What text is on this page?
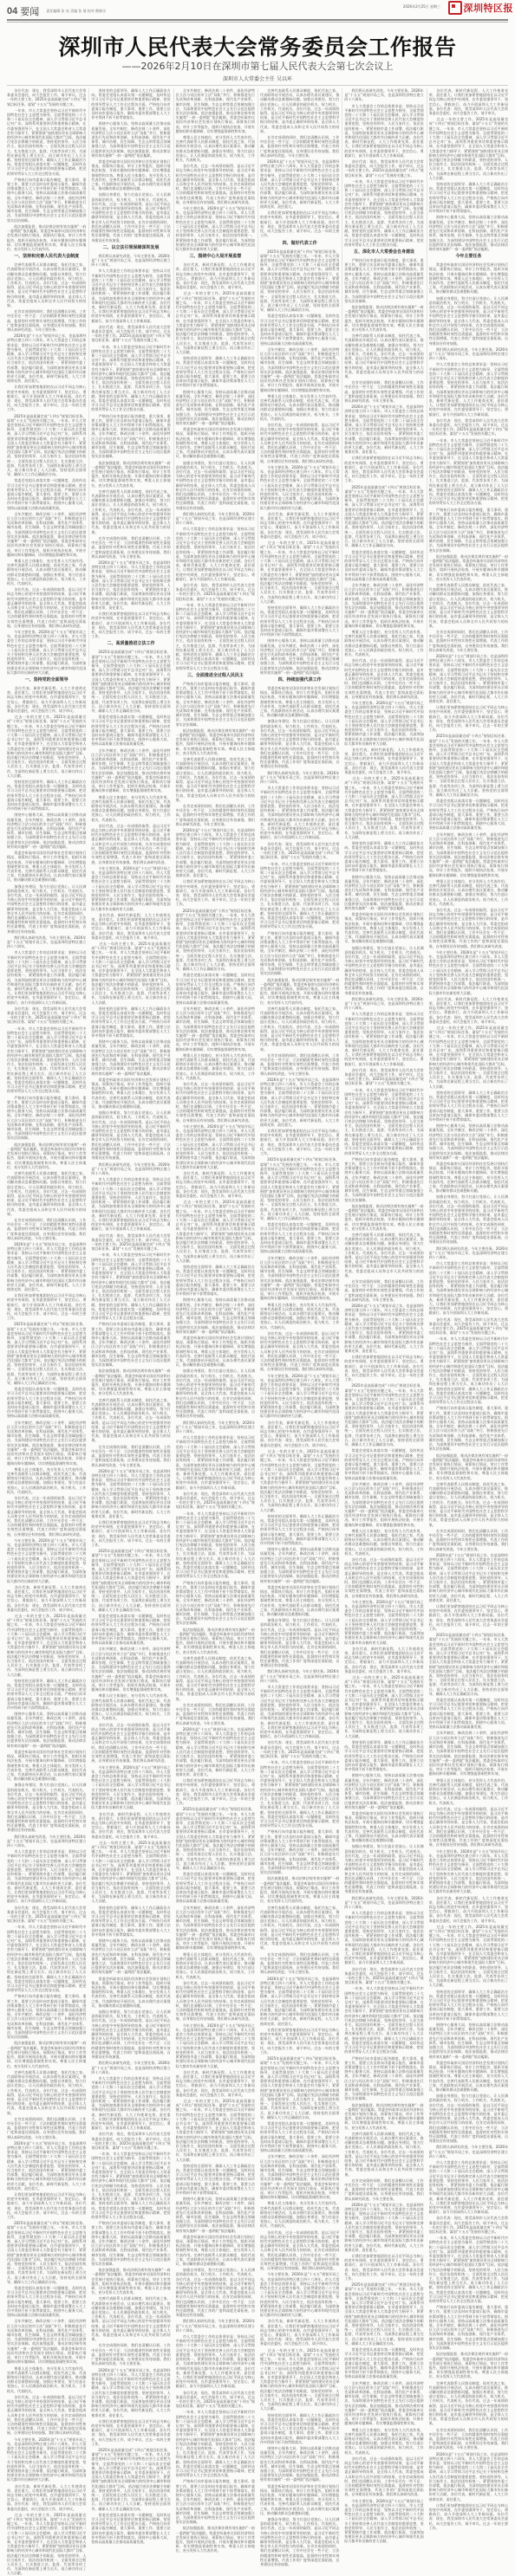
04 要闻 责任编辑 张 亮 美编 张 倩 校对 熊新宗
2026年2月25日 星期三 深圳特区报
深圳市人民代表大会常务委员会工作报告
——2026年2月10日在深圳市第七届人民代表大会第七次会议上
深圳市人大常委会主任 吴以环

　　各位代表：现在，我受深圳市人民代表大会常务委员会委托，向大会报告工作，请予审议。过去一年的主要工作。2025年是高质量完成“十四五”规划目标任务、谋划“十五五”发展的关键之年。

　　一年来，市人大常委会坚持以习近平新时代中国特色社会主义思想为指导，全面贯彻党的二十大和二十届历次全会精神，深入学习贯彻习近平总书记对广东、深圳系列重要讲话和重要指示精神，在市委坚强领导下，在全国人大常委会和省人大常委会有力指导下，紧紧围绕“加快建设更具全球影响力的经济中心城市和现代化国际大都市”目标，依法履行宪法法律赋予的职责，坚持党的领导、人民当家作主、依法治国有机统一，全面发展全过程人民民主，扎实推进立法、监督、代表等各项工作，为深圳在新征程上勇当尖兵、再立新功作出了人大贡献。坚持党的全面领导，确保人大工作正确政治方向。常委会党组认真落实第一议题制度，及时传达学习习近平总书记重要讲话和重要指示精神，把党的领导贯穿人大工作全过程各方面。

　　严格执行向市委请示报告制度，重大事项、重要工作、重要立法及时向市委请示报告，确保市委决策部署在人大工作中得到不折不扣贯彻落实。围绕中心服务大局，坚持以高质量立法推动高质量发展。全年共制定、修改法规二十余件，深化经济特区立法与设区的市立法“双轨”并行，积极推进先行先试和改革创新，在科技创新、现代化产业体系、城市治理、民生保障、生态文明等重点领域加强立法，为深圳建设中国特色社会主义先行示范区提供坚实法治保障。

　　依法加强监督，推动法律法规有效实施和“一府一委两院”依法履职。常委会听取审议国民经济和社会发展计划执行情况、预算执行情况、审计工作等报告，组织开展执法检查，开展专题询问和专题调研，切实增强监督刚性和实效。尊重人民主体地位，充分发挥人大代表作用。

一、坚持和完善人民代表大会制度

　　完善代表联系人民群众制度，依托代表之家、代表联络站开展活动，认真办理代表议案建议，推动解决群众急难愁盼问题。加强自身建设，努力打造让党放心、让人民满意的政治机关、权力机关、工作机关、代表机关。各位代表，过去一年成绩的取得，是以习近平同志为核心的党中央坚强领导的结果，是习近平新时代中国特色社会主义思想科学指引的结果，是市委正确领导的结果，是全体人大代表、常委会组成人员和全市人民共同努力的结果。

　　在肯定成绩的同时，我们也清醒认识到，工作中还存在一些不足：立法的精准性和时效性还需提高，监督的针对性和实效性还需增强，代表工作的广度和深度还需拓展，自身建设还有待加强。我们将认真研究改进。今年主要任务。

　　2026年是“十五五”规划开局之年，也是深圳经济特区建立四十六周年。市人大常委会工作的总体要求是：坚持以习近平新时代中国特色社会主义思想为指导，全面贯彻党的二十大和二十届历次全会精神，深入学习贯彻习近平总书记关于坚持和完善人民代表大会制度的重要思想，坚持党的领导、人民当家作主、依法治国有机统一，紧紧围绕市委工作部署，依法履行职责，为深圳加快建设更具全球影响力的经济中心城市和现代化国际大都市作出新的更大贡献。各位代表，新时代新征程，人大工作使命光荣、责任重大。

　　让我们更加紧密地团结在以习近平同志为核心的党中央周围，在市委坚强领导下，坚定信心、勇毅前行，奋力开创深圳人大工作新局面。各位代表：现在，我受深圳市人民代表大会常务委员会委托，向大会报告工作，请予审议。过去一年的主要工作。

　　2025年是高质量完成“十四五”规划目标任务、谋划“十五五”发展的关键之年。一年来，市人大常委会坚持以习近平新时代中国特色社会主义思想为指导，全面贯彻党的二十大和二十届历次全会精神，深入学习贯彻习近平总书记对广东、深圳系列重要讲话和重要指示精神，在市委坚强领导下，在全国人大常委会和省人大常委会有力指导下，紧紧围绕“加快建设更具全球影响力的经济中心城市和现代化国际大都市”目标，依法履行宪法法律赋予的职责，坚持党的领导、人民当家作主、依法治国有机统一，全面发展全过程人民民主，扎实推进立法、监督、代表等各项工作，为深圳在新征程上勇当尖兵、再立新功作出了人大贡献。坚持党的全面领导，确保人大工作正确政治方向。

　　常委会党组认真落实第一议题制度，及时传达学习习近平总书记重要讲话和重要指示精神，把党的领导贯穿人大工作全过程各方面。严格执行向市委请示报告制度，重大事项、重要工作、重要立法及时向市委请示报告，确保市委决策部署在人大工作中得到不折不扣贯彻落实。围绕中心服务大局，坚持以高质量立法推动高质量发展。

　　全年共制定、修改法规二十余件，深化经济特区立法与设区的市立法“双轨”并行，积极推进先行先试和改革创新，在科技创新、现代化产业体系、城市治理、民生保障、生态文明等重点领域加强立法，为深圳建设中国特色社会主义先行示范区提供坚实法治保障。依法加强监督，推动法律法规有效实施和“一府一委两院”依法履职。常委会听取审议国民经济和社会发展计划执行情况、预算执行情况、审计工作等报告，组织开展执法检查，开展专题询问和专题调研，切实增强监督刚性和实效。

　　尊重人民主体地位，充分发挥人大代表作用。完善代表联系人民群众制度，依托代表之家、代表联络站开展活动，认真办理代表议案建议，推动解决群众急难愁盼问题。加强自身建设，努力打造让党放心、让人民满意的政治机关、权力机关、工作机关、代表机关。

　　各位代表，过去一年成绩的取得，是以习近平同志为核心的党中央坚强领导的结果，是习近平新时代中国特色社会主义思想科学指引的结果，是市委正确领导的结果，是全体人大代表、常委会组成人员和全市人民共同努力的结果。在肯定成绩的同时，我们也清醒认识到，工作中还存在一些不足：立法的精准性和时效性还需提高，监督的针对性和实效性还需增强，代表工作的广度和深度还需拓展，自身建设还有待加强。我们将认真研究改进。

　　今年主要任务。2026年是“十五五”规划开局之年，也是深圳经济特区建立四十六周年。市人大常委会工作的总体要求是：坚持以习近平新时代中国特色社会主义思想为指导，全面贯彻党的二十大和二十届历次全会精神，深入学习贯彻习近平总书记关于坚持和完善人民代表大会制度的重要思想，坚持党的领导、人民当家作主、依法治国有机统一，紧紧围绕市委工作部署，依法履行职责，为深圳加快建设更具全球影响力的经济中心城市和现代化国际大都市作出新的更大贡献。

一、坚持党的全面领导

　　各位代表，新时代新征程，人大工作使命光荣、责任重大。让我们更加紧密地团结在以习近平同志为核心的党中央周围，在市委坚强领导下，坚定信心、勇毅前行，奋力开创深圳人大工作新局面。各位代表：现在，我受深圳市人民代表大会常务委员会委托，向大会报告工作，请予审议。

　　过去一年的主要工作。2025年是高质量完成“十四五”规划目标任务、谋划“十五五”发展的关键之年。一年来，市人大常委会坚持以习近平新时代中国特色社会主义思想为指导，全面贯彻党的二十大和二十届历次全会精神，深入学习贯彻习近平总书记对广东、深圳系列重要讲话和重要指示精神，在市委坚强领导下，在全国人大常委会和省人大常委会有力指导下，紧紧围绕“加快建设更具全球影响力的经济中心城市和现代化国际大都市”目标，依法履行宪法法律赋予的职责，坚持党的领导、人民当家作主、依法治国有机统一，全面发展全过程人民民主，扎实推进立法、监督、代表等各项工作，为深圳在新征程上勇当尖兵、再立新功作出了人大贡献。

　　坚持党的全面领导，确保人大工作正确政治方向。常委会党组认真落实第一议题制度，及时传达学习习近平总书记重要讲话和重要指示精神，把党的领导贯穿人大工作全过程各方面。严格执行向市委请示报告制度，重大事项、重要工作、重要立法及时向市委请示报告，确保市委决策部署在人大工作中得到不折不扣贯彻落实。

　　围绕中心服务大局，坚持以高质量立法推动高质量发展。全年共制定、修改法规二十余件，深化经济特区立法与设区的市立法“双轨”并行，积极推进先行先试和改革创新，在科技创新、现代化产业体系、城市治理、民生保障、生态文明等重点领域加强立法，为深圳建设中国特色社会主义先行示范区提供坚实法治保障。依法加强监督，推动法律法规有效实施和“一府一委两院”依法履职。

　　常委会听取审议国民经济和社会发展计划执行情况、预算执行情况、审计工作等报告，组织开展执法检查，开展专题询问和专题调研，切实增强监督刚性和实效。尊重人民主体地位，充分发挥人大代表作用。完善代表联系人民群众制度，依托代表之家、代表联络站开展活动，认真办理代表议案建议，推动解决群众急难愁盼问题。

　　加强自身建设，努力打造让党放心、让人民满意的政治机关、权力机关、工作机关、代表机关。各位代表，过去一年成绩的取得，是以习近平同志为核心的党中央坚强领导的结果，是习近平新时代中国特色社会主义思想科学指引的结果，是市委正确领导的结果，是全体人大代表、常委会组成人员和全市人民共同努力的结果。在肯定成绩的同时，我们也清醒认识到，工作中还存在一些不足：立法的精准性和时效性还需提高，监督的针对性和实效性还需增强，代表工作的广度和深度还需拓展，自身建设还有待加强。

　　我们将认真研究改进。今年主要任务。2026年是“十五五”规划开局之年，也是深圳经济特区建立四十六周年。

　　市人大常委会工作的总体要求是：坚持以习近平新时代中国特色社会主义思想为指导，全面贯彻党的二十大和二十届历次全会精神，深入学习贯彻习近平总书记关于坚持和完善人民代表大会制度的重要思想，坚持党的领导、人民当家作主、依法治国有机统一，紧紧围绕市委工作部署，依法履行职责，为深圳加快建设更具全球影响力的经济中心城市和现代化国际大都市作出新的更大贡献。各位代表，新时代新征程，人大工作使命光荣、责任重大。让我们更加紧密地团结在以习近平同志为核心的党中央周围，在市委坚强领导下，坚定信心、勇毅前行，奋力开创深圳人大工作新局面。

　　各位代表：现在，我受深圳市人民代表大会常务委员会委托，向大会报告工作，请予审议。过去一年的主要工作。2025年是高质量完成“十四五”规划目标任务、谋划“十五五”发展的关键之年。

　　一年来，市人大常委会坚持以习近平新时代中国特色社会主义思想为指导，全面贯彻党的二十大和二十届历次全会精神，深入学习贯彻习近平总书记对广东、深圳系列重要讲话和重要指示精神，在市委坚强领导下，在全国人大常委会和省人大常委会有力指导下，紧紧围绕“加快建设更具全球影响力的经济中心城市和现代化国际大都市”目标，依法履行宪法法律赋予的职责，坚持党的领导、人民当家作主、依法治国有机统一，全面发展全过程人民民主，扎实推进立法、监督、代表等各项工作，为深圳在新征程上勇当尖兵、再立新功作出了人大贡献。坚持党的全面领导，确保人大工作正确政治方向。常委会党组认真落实第一议题制度，及时传达学习习近平总书记重要讲话和重要指示精神，把党的领导贯穿人大工作全过程各方面。

　　严格执行向市委请示报告制度，重大事项、重要工作、重要立法及时向市委请示报告，确保市委决策部署在人大工作中得到不折不扣贯彻落实。围绕中心服务大局，坚持以高质量立法推动高质量发展。全年共制定、修改法规二十余件，深化经济特区立法与设区的市立法“双轨”并行，积极推进先行先试和改革创新，在科技创新、现代化产业体系、城市治理、民生保障、生态文明等重点领域加强立法，为深圳建设中国特色社会主义先行示范区提供坚实法治保障。

　　依法加强监督，推动法律法规有效实施和“一府一委两院”依法履职。常委会听取审议国民经济和社会发展计划执行情况、预算执行情况、审计工作等报告，组织开展执法检查，开展专题询问和专题调研，切实增强监督刚性和实效。尊重人民主体地位，充分发挥人大代表作用。

　　完善代表联系人民群众制度，依托代表之家、代表联络站开展活动，认真办理代表议案建议，推动解决群众急难愁盼问题。加强自身建设，努力打造让党放心、让人民满意的政治机关、权力机关、工作机关、代表机关。各位代表，过去一年成绩的取得，是以习近平同志为核心的党中央坚强领导的结果，是习近平新时代中国特色社会主义思想科学指引的结果，是市委正确领导的结果，是全体人大代表、常委会组成人员和全市人民共同努力的结果。

　　在肯定成绩的同时，我们也清醒认识到，工作中还存在一些不足：立法的精准性和时效性还需提高，监督的针对性和实效性还需增强，代表工作的广度和深度还需拓展，自身建设还有待加强。我们将认真研究改进。今年主要任务。

　　2026年是“十五五”规划开局之年，也是深圳经济特区建立四十六周年。市人大常委会工作的总体要求是：坚持以习近平新时代中国特色社会主义思想为指导，全面贯彻党的二十大和二十届历次全会精神，深入学习贯彻习近平总书记关于坚持和完善人民代表大会制度的重要思想，坚持党的领导、人民当家作主、依法治国有机统一，紧紧围绕市委工作部署，依法履行职责，为深圳加快建设更具全球影响力的经济中心城市和现代化国际大都市作出新的更大贡献。各位代表，新时代新征程，人大工作使命光荣、责任重大。

　　让我们更加紧密地团结在以习近平同志为核心的党中央周围，在市委坚强领导下，坚定信心、勇毅前行，奋力开创深圳人大工作新局面。各位代表：现在，我受深圳市人民代表大会常务委员会委托，向大会报告工作，请予审议。过去一年的主要工作。

　　2025年是高质量完成“十四五”规划目标任务、谋划“十五五”发展的关键之年。一年来，市人大常委会坚持以习近平新时代中国特色社会主义思想为指导，全面贯彻党的二十大和二十届历次全会精神，深入学习贯彻习近平总书记对广东、深圳系列重要讲话和重要指示精神，在市委坚强领导下，在全国人大常委会和省人大常委会有力指导下，紧紧围绕“加快建设更具全球影响力的经济中心城市和现代化国际大都市”目标，依法履行宪法法律赋予的职责，坚持党的领导、人民当家作主、依法治国有机统一，全面发展全过程人民民主，扎实推进立法、监督、代表等各项工作，为深圳在新征程上勇当尖兵、再立新功作出了人大贡献。坚持党的全面领导，确保人大工作正确政治方向。

　　常委会党组认真落实第一议题制度，及时传达学习习近平总书记重要讲话和重要指示精神，把党的领导贯穿人大工作全过程各方面。严格执行向市委请示报告制度，重大事项、重要工作、重要立法及时向市委请示报告，确保市委决策部署在人大工作中得到不折不扣贯彻落实。围绕中心服务大局，坚持以高质量立法推动高质量发展。

　　全年共制定、修改法规二十余件，深化经济特区立法与设区的市立法“双轨”并行，积极推进先行先试和改革创新，在科技创新、现代化产业体系、城市治理、民生保障、生态文明等重点领域加强立法，为深圳建设中国特色社会主义先行示范区提供坚实法治保障。依法加强监督，推动法律法规有效实施和“一府一委两院”依法履职。常委会听取审议国民经济和社会发展计划执行情况、预算执行情况、审计工作等报告，组织开展执法检查，开展专题询问和专题调研，切实增强监督刚性和实效。

　　尊重人民主体地位，充分发挥人大代表作用。完善代表联系人民群众制度，依托代表之家、代表联络站开展活动，认真办理代表议案建议，推动解决群众急难愁盼问题。加强自身建设，努力打造让党放心、让人民满意的政治机关、权力机关、工作机关、代表机关。

　　各位代表，过去一年成绩的取得，是以习近平同志为核心的党中央坚强领导的结果，是习近平新时代中国特色社会主义思想科学指引的结果，是市委正确领导的结果，是全体人大代表、常委会组成人员和全市人民共同努力的结果。在肯定成绩的同时，我们也清醒认识到，工作中还存在一些不足：立法的精准性和时效性还需提高，监督的针对性和实效性还需增强，代表工作的广度和深度还需拓展，自身建设还有待加强。我们将认真研究改进。

　　今年主要任务。2026年是“十五五”规划开局之年，也是深圳经济特区建立四十六周年。市人大常委会工作的总体要求是：坚持以习近平新时代中国特色社会主义思想为指导，全面贯彻党的二十大和二十届历次全会精神，深入学习贯彻习近平总书记关于坚持和完善人民代表大会制度的重要思想，坚持党的领导、人民当家作主、依法治国有机统一，紧紧围绕市委工作部署，依法履行职责，为深圳加快建设更具全球影响力的经济中心城市和现代化国际大都市作出新的更大贡献。

　　各位代表，新时代新征程，人大工作使命光荣、责任重大。让我们更加紧密地团结在以习近平同志为核心的党中央周围，在市委坚强领导下，坚定信心、勇毅前行，奋力开创深圳人大工作新局面。各位代表：现在，我受深圳市人民代表大会常务委员会委托，向大会报告工作，请予审议。

　　过去一年的主要工作。2025年是高质量完成“十四五”规划目标任务、谋划“十五五”发展的关键之年。一年来，市人大常委会坚持以习近平新时代中国特色社会主义思想为指导，全面贯彻党的二十大和二十届历次全会精神，深入学习贯彻习近平总书记对广东、深圳系列重要讲话和重要指示精神，在市委坚强领导下，在全国人大常委会和省人大常委会有力指导下，紧紧围绕“加快建设更具全球影响力的经济中心城市和现代化国际大都市”目标，依法履行宪法法律赋予的职责，坚持党的领导、人民当家作主、依法治国有机统一，全面发展全过程人民民主，扎实推进立法、监督、代表等各项工作，为深圳在新征程上勇当尖兵、再立新功作出了人大贡献。

　　坚持党的全面领导，确保人大工作正确政治方向。常委会党组认真落实第一议题制度，及时传达学习习近平总书记重要讲话和重要指示精神，把党的领导贯穿人大工作全过程各方面。严格执行向市委请示报告制度，重大事项、重要工作、重要立法及时向市委请示报告，确保市委决策部署在人大工作中得到不折不扣贯彻落实。

　　围绕中心服务大局，坚持以高质量立法推动高质量发展。全年共制定、修改法规二十余件，深化经济特区立法与设区的市立法“双轨”并行，积极推进先行先试和改革创新，在科技创新、现代化产业体系、城市治理、民生保障、生态文明等重点领域加强立法，为深圳建设中国特色社会主义先行示范区提供坚实法治保障。依法加强监督，推动法律法规有效实施和“一府一委两院”依法履职。

　　常委会听取审议国民经济和社会发展计划执行情况、预算执行情况、审计工作等报告，组织开展执法检查，开展专题询问和专题调研，切实增强监督刚性和实效。尊重人民主体地位，充分发挥人大代表作用。完善代表联系人民群众制度，依托代表之家、代表联络站开展活动，认真办理代表议案建议，推动解决群众急难愁盼问题。

　　加强自身建设，努力打造让党放心、让人民满意的政治机关、权力机关、工作机关、代表机关。各位代表，过去一年成绩的取得，是以习近平同志为核心的党中央坚强领导的结果，是习近平新时代中国特色社会主义思想科学指引的结果，是市委正确领导的结果，是全体人大代表、常委会组成人员和全市人民共同努力的结果。在肯定成绩的同时，我们也清醒认识到，工作中还存在一些不足：立法的精准性和时效性还需提高，监督的针对性和实效性还需增强，代表工作的广度和深度还需拓展，自身建设还有待加强。

　　我们将认真研究改进。今年主要任务。2026年是“十五五”规划开局之年，也是深圳经济特区建立四十六周年。

　　市人大常委会工作的总体要求是：坚持以习近平新时代中国特色社会主义思想为指导，全面贯彻党的二十大和二十届历次全会精神，深入学习贯彻习近平总书记关于坚持和完善人民代表大会制度的重要思想，坚持党的领导、人民当家作主、依法治国有机统一，紧紧围绕市委工作部署，依法履行职责，为深圳加快建设更具全球影响力的经济中心城市和现代化国际大都市作出新的更大贡献。各位代表，新时代新征程，人大工作使命光荣、责任重大。让我们更加紧密地团结在以习近平同志为核心的党中央周围，在市委坚强领导下，坚定信心、勇毅前行，奋力开创深圳人大工作新局面。

　　各位代表：现在，我受深圳市人民代表大会常务委员会委托，向大会报告工作，请予审议。过去一年的主要工作。2025年是高质量完成“十四五”规划目标任务、谋划“十五五”发展的关键之年。

　　一年来，市人大常委会坚持以习近平新时代中国特色社会主义思想为指导，全面贯彻党的二十大和二十届历次全会精神，深入学习贯彻习近平总书记对广东、深圳系列重要讲话和重要指示精神，在市委坚强领导下，在全国人大常委会和省人大常委会有力指导下，紧紧围绕“加快建设更具全球影响力的经济中心城市和现代化国际大都市”目标，依法履行宪法法律赋予的职责，坚持党的领导、人民当家作主、依法治国有机统一，全面发展全过程人民民主，扎实推进立法、监督、代表等各项工作，为深圳在新征程上勇当尖兵、再立新功作出了人大贡献。坚持党的全面领导，确保人大工作正确政治方向。常委会党组认真落实第一议题制度，及时传达学习习近平总书记重要讲话和重要指示精神，把党的领导贯穿人大工作全过程各方面。

　　严格执行向市委请示报告制度，重大事项、重要工作、重要立法及时向市委请示报告，确保市委决策部署在人大工作中得到不折不扣贯彻落实。围绕中心服务大局，坚持以高质量立法推动高质量发展。全年共制定、修改法规二十余件，深化经济特区立法与设区的市立法“双轨”并行，积极推进先行先试和改革创新，在科技创新、现代化产业体系、城市治理、民生保障、生态文明等重点领域加强立法，为深圳建设中国特色社会主义先行示范区提供坚实法治保障。

　　依法加强监督，推动法律法规有效实施和“一府一委两院”依法履职。常委会听取审议国民经济和社会发展计划执行情况、预算执行情况、审计工作等报告，组织开展执法检查，开展专题询问和专题调研，切实增强监督刚性和实效。尊重人民主体地位，充分发挥人大代表作用。

　　完善代表联系人民群众制度，依托代表之家、代表联络站开展活动，认真办理代表议案建议，推动解决群众急难愁盼问题。加强自身建设，努力打造让党放心、让人民满意的政治机关、权力机关、工作机关、代表机关。各位代表，过去一年成绩的取得，是以习近平同志为核心的党中央坚强领导的结果，是习近平新时代中国特色社会主义思想科学指引的结果，是市委正确领导的结果，是全体人大代表、常委会组成人员和全市人民共同努力的结果。

　　在肯定成绩的同时，我们也清醒认识到，工作中还存在一些不足：立法的精准性和时效性还需提高，监督的针对性和实效性还需增强，代表工作的广度和深度还需拓展，自身建设还有待加强。我们将认真研究改进。今年主要任务。

　　2026年是“十五五”规划开局之年，也是深圳经济特区建立四十六周年。市人大常委会工作的总体要求是：坚持以习近平新时代中国特色社会主义思想为指导，全面贯彻党的二十大和二十届历次全会精神，深入学习贯彻习近平总书记关于坚持和完善人民代表大会制度的重要思想，坚持党的领导、人民当家作主、依法治国有机统一，紧紧围绕市委工作部署，依法履行职责，为深圳加快建设更具全球影响力的经济中心城市和现代化国际大都市作出新的更大贡献。各位代表，新时代新征程，人大工作使命光荣、责任重大。

　　让我们更加紧密地团结在以习近平同志为核心的党中央周围，在市委坚强领导下，坚定信心、勇毅前行，奋力开创深圳人大工作新局面。各位代表：现在，我受深圳市人民代表大会常务委员会委托，向大会报告工作，请予审议。过去一年的主要工作。

　　2025年是高质量完成“十四五”规划目标任务、谋划“十五五”发展的关键之年。一年来，市人大常委会坚持以习近平新时代中国特色社会主义思想为指导，全面贯彻党的二十大和二十届历次全会精神，深入学习贯彻习近平总书记对广东、深圳系列重要讲话和重要指示精神，在市委坚强领导下，在全国人大常委会和省人大常委会有力指导下，紧紧围绕“加快建设更具全球影响力的经济中心城市和现代化国际大都市”目标，依法履行宪法法律赋予的职责，坚持党的领导、人民当家作主、依法治国有机统一，全面发展全过程人民民主，扎实推进立法、监督、代表等各项工作，为深圳在新征程上勇当尖兵、再立新功作出了人大贡献。坚持党的全面领导，确保人大工作正确政治方向。

　　常委会党组认真落实第一议题制度，及时传达学习习近平总书记重要讲话和重要指示精神，把党的领导贯穿人大工作全过程各方面。严格执行向市委请示报告制度，重大事项、重要工作、重要立法及时向市委请示报告，确保市委决策部署在人大工作中得到不折不扣贯彻落实。围绕中心服务大局，坚持以高质量立法推动高质量发展。

　　全年共制定、修改法规二十余件，深化经济特区立法与设区的市立法“双轨”并行，积极推进先行先试和改革创新，在科技创新、现代化产业体系、城市治理、民生保障、生态文明等重点领域加强立法，为深圳建设中国特色社会主义先行示范区提供坚实法治保障。依法加强监督，推动法律法规有效实施和“一府一委两院”依法履职。常委会听取审议国民经济和社会发展计划执行情况、预算执行情况、审计工作等报告，组织开展执法检查，开展专题询问和专题调研，切实增强监督刚性和实效。

　　尊重人民主体地位，充分发挥人大代表作用。完善代表联系人民群众制度，依托代表之家、代表联络站开展活动，认真办理代表议案建议，推动解决群众急难愁盼问题。加强自身建设，努力打造让党放心、让人民满意的政治机关、权力机关、工作机关、代表机关。

　　各位代表，过去一年成绩的取得，是以习近平同志为核心的党中央坚强领导的结果，是习近平新时代中国特色社会主义思想科学指引的结果，是市委正确领导的结果，是全体人大代表、常委会组成人员和全市人民共同努力的结果。在肯定成绩的同时，我们也清醒认识到，工作中还存在一些不足：立法的精准性和时效性还需提高，监督的针对性和实效性还需增强，代表工作的广度和深度还需拓展，自身建设还有待加强。我们将认真研究改进。

　　今年主要任务。2026年是“十五五”规划开局之年，也是深圳经济特区建立四十六周年。市人大常委会工作的总体要求是：坚持以习近平新时代中国特色社会主义思想为指导，全面贯彻党的二十大和二十届历次全会精神，深入学习贯彻习近平总书记关于坚持和完善人民代表大会制度的重要思想，坚持党的领导、人民当家作主、依法治国有机统一，紧紧围绕市委工作部署，依法履行职责，为深圳加快建设更具全球影响力的经济中心城市和现代化国际大都市作出新的更大贡献。

　　各位代表，新时代新征程，人大工作使命光荣、责任重大。让我们更加紧密地团结在以习近平同志为核心的党中央周围，在市委坚强领导下，坚定信心、勇毅前行，奋力开创深圳人大工作新局面。各位代表：现在，我受深圳市人民代表大会常务委员会委托，向大会报告工作，请予审议。

　　过去一年的主要工作。2025年是高质量完成“十四五”规划目标任务、谋划“十五五”发展的关键之年。一年来，市人大常委会坚持以习近平新时代中国特色社会主义思想为指导，全面贯彻党的二十大和二十届历次全会精神，深入学习贯彻习近平总书记对广东、深圳系列重要讲话和重要指示精神，在市委坚强领导下，在全国人大常委会和省人大常委会有力指导下，紧紧围绕“加快建设更具全球影响力的经济中心城市和现代化国际大都市”目标，依法履行宪法法律赋予的职责，坚持党的领导、人民当家作主、依法治国有机统一，全面发展全过程人民民主，扎实推进立法、监督、代表等各项工作，为深圳在新征程上勇当尖兵、再立新功作出了人大贡献。

　　坚持党的全面领导，确保人大工作正确政治方向。常委会党组认真落实第一议题制度，及时传达学习习近平总书记重要讲话和重要指示精神，把党的领导贯穿人大工作全过程各方面。严格执行向市委请示报告制度，重大事项、重要工作、重要立法及时向市委请示报告，确保市委决策部署在人大工作中得到不折不扣贯彻落实。

　　围绕中心服务大局，坚持以高质量立法推动高质量发展。全年共制定、修改法规二十余件，深化经济特区立法与设区的市立法“双轨”并行，积极推进先行先试和改革创新，在科技创新、现代化产业体系、城市治理、民生保障、生态文明等重点领域加强立法，为深圳建设中国特色社会主义先行示范区提供坚实法治保障。依法加强监督，推动法律法规有效实施和“一府一委两院”依法履职。

　　常委会听取审议国民经济和社会发展计划执行情况、预算执行情况、审计工作等报告，组织开展执法检查，开展专题询问和专题调研，切实增强监督刚性和实效。尊重人民主体地位，充分发挥人大代表作用。完善代表联系人民群众制度，依托代表之家、代表联络站开展活动，认真办理代表议案建议，推动解决群众急难愁盼问题。

　　加强自身建设，努力打造让党放心、让人民满意的政治机关、权力机关、工作机关、代表机关。各位代表，过去一年成绩的取得，是以习近平同志为核心的党中央坚强领导的结果，是习近平新时代中国特色社会主义思想科学指引的结果，是市委正确领导的结果，是全体人大代表、常委会组成人员和全市人民共同努力的结果。在肯定成绩的同时，我们也清醒认识到，工作中还存在一些不足：立法的精准性和时效性还需提高，监督的针对性和实效性还需增强，代表工作的广度和深度还需拓展，自身建设还有待加强。

二、以立法引领保障深圳发展

　　我们将认真研究改进。今年主要任务。2026年是“十五五”规划开局之年，也是深圳经济特区建立四十六周年。

　　市人大常委会工作的总体要求是：坚持以习近平新时代中国特色社会主义思想为指导，全面贯彻党的二十大和二十届历次全会精神，深入学习贯彻习近平总书记关于坚持和完善人民代表大会制度的重要思想，坚持党的领导、人民当家作主、依法治国有机统一，紧紧围绕市委工作部署，依法履行职责，为深圳加快建设更具全球影响力的经济中心城市和现代化国际大都市作出新的更大贡献。各位代表，新时代新征程，人大工作使命光荣、责任重大。让我们更加紧密地团结在以习近平同志为核心的党中央周围，在市委坚强领导下，坚定信心、勇毅前行，奋力开创深圳人大工作新局面。

　　各位代表：现在，我受深圳市人民代表大会常务委员会委托，向大会报告工作，请予审议。过去一年的主要工作。2025年是高质量完成“十四五”规划目标任务、谋划“十五五”发展的关键之年。

　　一年来，市人大常委会坚持以习近平新时代中国特色社会主义思想为指导，全面贯彻党的二十大和二十届历次全会精神，深入学习贯彻习近平总书记对广东、深圳系列重要讲话和重要指示精神，在市委坚强领导下，在全国人大常委会和省人大常委会有力指导下，紧紧围绕“加快建设更具全球影响力的经济中心城市和现代化国际大都市”目标，依法履行宪法法律赋予的职责，坚持党的领导、人民当家作主、依法治国有机统一，全面发展全过程人民民主，扎实推进立法、监督、代表等各项工作，为深圳在新征程上勇当尖兵、再立新功作出了人大贡献。坚持党的全面领导，确保人大工作正确政治方向。常委会党组认真落实第一议题制度，及时传达学习习近平总书记重要讲话和重要指示精神，把党的领导贯穿人大工作全过程各方面。

　　严格执行向市委请示报告制度，重大事项、重要工作、重要立法及时向市委请示报告，确保市委决策部署在人大工作中得到不折不扣贯彻落实。围绕中心服务大局，坚持以高质量立法推动高质量发展。全年共制定、修改法规二十余件，深化经济特区立法与设区的市立法“双轨”并行，积极推进先行先试和改革创新，在科技创新、现代化产业体系、城市治理、民生保障、生态文明等重点领域加强立法，为深圳建设中国特色社会主义先行示范区提供坚实法治保障。

　　依法加强监督，推动法律法规有效实施和“一府一委两院”依法履职。常委会听取审议国民经济和社会发展计划执行情况、预算执行情况、审计工作等报告，组织开展执法检查，开展专题询问和专题调研，切实增强监督刚性和实效。尊重人民主体地位，充分发挥人大代表作用。

　　完善代表联系人民群众制度，依托代表之家、代表联络站开展活动，认真办理代表议案建议，推动解决群众急难愁盼问题。加强自身建设，努力打造让党放心、让人民满意的政治机关、权力机关、工作机关、代表机关。各位代表，过去一年成绩的取得，是以习近平同志为核心的党中央坚强领导的结果，是习近平新时代中国特色社会主义思想科学指引的结果，是市委正确领导的结果，是全体人大代表、常委会组成人员和全市人民共同努力的结果。

　　在肯定成绩的同时，我们也清醒认识到，工作中还存在一些不足：立法的精准性和时效性还需提高，监督的针对性和实效性还需增强，代表工作的广度和深度还需拓展，自身建设还有待加强。我们将认真研究改进。今年主要任务。

　　2026年是“十五五”规划开局之年，也是深圳经济特区建立四十六周年。市人大常委会工作的总体要求是：坚持以习近平新时代中国特色社会主义思想为指导，全面贯彻党的二十大和二十届历次全会精神，深入学习贯彻习近平总书记关于坚持和完善人民代表大会制度的重要思想，坚持党的领导、人民当家作主、依法治国有机统一，紧紧围绕市委工作部署，依法履行职责，为深圳加快建设更具全球影响力的经济中心城市和现代化国际大都市作出新的更大贡献。各位代表，新时代新征程，人大工作使命光荣、责任重大。

　　让我们更加紧密地团结在以习近平同志为核心的党中央周围，在市委坚强领导下，坚定信心、勇毅前行，奋力开创深圳人大工作新局面。各位代表：现在，我受深圳市人民代表大会常务委员会委托，向大会报告工作，请予审议。过去一年的主要工作。

二、高质量推进立法工作

　　2025年是高质量完成“十四五”规划目标任务、谋划“十五五”发展的关键之年。一年来，市人大常委会坚持以习近平新时代中国特色社会主义思想为指导，全面贯彻党的二十大和二十届历次全会精神，深入学习贯彻习近平总书记对广东、深圳系列重要讲话和重要指示精神，在市委坚强领导下，在全国人大常委会和省人大常委会有力指导下，紧紧围绕“加快建设更具全球影响力的经济中心城市和现代化国际大都市”目标，依法履行宪法法律赋予的职责，坚持党的领导、人民当家作主、依法治国有机统一，全面发展全过程人民民主，扎实推进立法、监督、代表等各项工作，为深圳在新征程上勇当尖兵、再立新功作出了人大贡献。坚持党的全面领导，确保人大工作正确政治方向。

　　常委会党组认真落实第一议题制度，及时传达学习习近平总书记重要讲话和重要指示精神，把党的领导贯穿人大工作全过程各方面。严格执行向市委请示报告制度，重大事项、重要工作、重要立法及时向市委请示报告，确保市委决策部署在人大工作中得到不折不扣贯彻落实。围绕中心服务大局，坚持以高质量立法推动高质量发展。

　　全年共制定、修改法规二十余件，深化经济特区立法与设区的市立法“双轨”并行，积极推进先行先试和改革创新，在科技创新、现代化产业体系、城市治理、民生保障、生态文明等重点领域加强立法，为深圳建设中国特色社会主义先行示范区提供坚实法治保障。依法加强监督，推动法律法规有效实施和“一府一委两院”依法履职。常委会听取审议国民经济和社会发展计划执行情况、预算执行情况、审计工作等报告，组织开展执法检查，开展专题询问和专题调研，切实增强监督刚性和实效。

　　尊重人民主体地位，充分发挥人大代表作用。完善代表联系人民群众制度，依托代表之家、代表联络站开展活动，认真办理代表议案建议，推动解决群众急难愁盼问题。加强自身建设，努力打造让党放心、让人民满意的政治机关、权力机关、工作机关、代表机关。

　　各位代表，过去一年成绩的取得，是以习近平同志为核心的党中央坚强领导的结果，是习近平新时代中国特色社会主义思想科学指引的结果，是市委正确领导的结果，是全体人大代表、常委会组成人员和全市人民共同努力的结果。在肯定成绩的同时，我们也清醒认识到，工作中还存在一些不足：立法的精准性和时效性还需提高，监督的针对性和实效性还需增强，代表工作的广度和深度还需拓展，自身建设还有待加强。我们将认真研究改进。

　　今年主要任务。2026年是“十五五”规划开局之年，也是深圳经济特区建立四十六周年。市人大常委会工作的总体要求是：坚持以习近平新时代中国特色社会主义思想为指导，全面贯彻党的二十大和二十届历次全会精神，深入学习贯彻习近平总书记关于坚持和完善人民代表大会制度的重要思想，坚持党的领导、人民当家作主、依法治国有机统一，紧紧围绕市委工作部署，依法履行职责，为深圳加快建设更具全球影响力的经济中心城市和现代化国际大都市作出新的更大贡献。

　　各位代表，新时代新征程，人大工作使命光荣、责任重大。让我们更加紧密地团结在以习近平同志为核心的党中央周围，在市委坚强领导下，坚定信心、勇毅前行，奋力开创深圳人大工作新局面。各位代表：现在，我受深圳市人民代表大会常务委员会委托，向大会报告工作，请予审议。

　　过去一年的主要工作。2025年是高质量完成“十四五”规划目标任务、谋划“十五五”发展的关键之年。一年来，市人大常委会坚持以习近平新时代中国特色社会主义思想为指导，全面贯彻党的二十大和二十届历次全会精神，深入学习贯彻习近平总书记对广东、深圳系列重要讲话和重要指示精神，在市委坚强领导下，在全国人大常委会和省人大常委会有力指导下，紧紧围绕“加快建设更具全球影响力的经济中心城市和现代化国际大都市”目标，依法履行宪法法律赋予的职责，坚持党的领导、人民当家作主、依法治国有机统一，全面发展全过程人民民主，扎实推进立法、监督、代表等各项工作，为深圳在新征程上勇当尖兵、再立新功作出了人大贡献。

　　坚持党的全面领导，确保人大工作正确政治方向。常委会党组认真落实第一议题制度，及时传达学习习近平总书记重要讲话和重要指示精神，把党的领导贯穿人大工作全过程各方面。严格执行向市委请示报告制度，重大事项、重要工作、重要立法及时向市委请示报告，确保市委决策部署在人大工作中得到不折不扣贯彻落实。

　　围绕中心服务大局，坚持以高质量立法推动高质量发展。全年共制定、修改法规二十余件，深化经济特区立法与设区的市立法“双轨”并行，积极推进先行先试和改革创新，在科技创新、现代化产业体系、城市治理、民生保障、生态文明等重点领域加强立法，为深圳建设中国特色社会主义先行示范区提供坚实法治保障。依法加强监督，推动法律法规有效实施和“一府一委两院”依法履职。

　　常委会听取审议国民经济和社会发展计划执行情况、预算执行情况、审计工作等报告，组织开展执法检查，开展专题询问和专题调研，切实增强监督刚性和实效。尊重人民主体地位，充分发挥人大代表作用。完善代表联系人民群众制度，依托代表之家、代表联络站开展活动，认真办理代表议案建议，推动解决群众急难愁盼问题。

　　加强自身建设，努力打造让党放心、让人民满意的政治机关、权力机关、工作机关、代表机关。各位代表，过去一年成绩的取得，是以习近平同志为核心的党中央坚强领导的结果，是习近平新时代中国特色社会主义思想科学指引的结果，是市委正确领导的结果，是全体人大代表、常委会组成人员和全市人民共同努力的结果。在肯定成绩的同时，我们也清醒认识到，工作中还存在一些不足：立法的精准性和时效性还需提高，监督的针对性和实效性还需增强，代表工作的广度和深度还需拓展，自身建设还有待加强。

　　我们将认真研究改进。今年主要任务。2026年是“十五五”规划开局之年，也是深圳经济特区建立四十六周年。

　　市人大常委会工作的总体要求是：坚持以习近平新时代中国特色社会主义思想为指导，全面贯彻党的二十大和二十届历次全会精神，深入学习贯彻习近平总书记关于坚持和完善人民代表大会制度的重要思想，坚持党的领导、人民当家作主、依法治国有机统一，紧紧围绕市委工作部署，依法履行职责，为深圳加快建设更具全球影响力的经济中心城市和现代化国际大都市作出新的更大贡献。各位代表，新时代新征程，人大工作使命光荣、责任重大。让我们更加紧密地团结在以习近平同志为核心的党中央周围，在市委坚强领导下，坚定信心、勇毅前行，奋力开创深圳人大工作新局面。

　　各位代表：现在，我受深圳市人民代表大会常务委员会委托，向大会报告工作，请予审议。过去一年的主要工作。2025年是高质量完成“十四五”规划目标任务、谋划“十五五”发展的关键之年。

　　一年来，市人大常委会坚持以习近平新时代中国特色社会主义思想为指导，全面贯彻党的二十大和二十届历次全会精神，深入学习贯彻习近平总书记对广东、深圳系列重要讲话和重要指示精神，在市委坚强领导下，在全国人大常委会和省人大常委会有力指导下，紧紧围绕“加快建设更具全球影响力的经济中心城市和现代化国际大都市”目标，依法履行宪法法律赋予的职责，坚持党的领导、人民当家作主、依法治国有机统一，全面发展全过程人民民主，扎实推进立法、监督、代表等各项工作，为深圳在新征程上勇当尖兵、再立新功作出了人大贡献。坚持党的全面领导，确保人大工作正确政治方向。常委会党组认真落实第一议题制度，及时传达学习习近平总书记重要讲话和重要指示精神，把党的领导贯穿人大工作全过程各方面。

　　严格执行向市委请示报告制度，重大事项、重要工作、重要立法及时向市委请示报告，确保市委决策部署在人大工作中得到不折不扣贯彻落实。围绕中心服务大局，坚持以高质量立法推动高质量发展。全年共制定、修改法规二十余件，深化经济特区立法与设区的市立法“双轨”并行，积极推进先行先试和改革创新，在科技创新、现代化产业体系、城市治理、民生保障、生态文明等重点领域加强立法，为深圳建设中国特色社会主义先行示范区提供坚实法治保障。

　　依法加强监督，推动法律法规有效实施和“一府一委两院”依法履职。常委会听取审议国民经济和社会发展计划执行情况、预算执行情况、审计工作等报告，组织开展执法检查，开展专题询问和专题调研，切实增强监督刚性和实效。尊重人民主体地位，充分发挥人大代表作用。

　　完善代表联系人民群众制度，依托代表之家、代表联络站开展活动，认真办理代表议案建议，推动解决群众急难愁盼问题。加强自身建设，努力打造让党放心、让人民满意的政治机关、权力机关、工作机关、代表机关。各位代表，过去一年成绩的取得，是以习近平同志为核心的党中央坚强领导的结果，是习近平新时代中国特色社会主义思想科学指引的结果，是市委正确领导的结果，是全体人大代表、常委会组成人员和全市人民共同努力的结果。

　　在肯定成绩的同时，我们也清醒认识到，工作中还存在一些不足：立法的精准性和时效性还需提高，监督的针对性和实效性还需增强，代表工作的广度和深度还需拓展，自身建设还有待加强。我们将认真研究改进。今年主要任务。

　　2026年是“十五五”规划开局之年，也是深圳经济特区建立四十六周年。市人大常委会工作的总体要求是：坚持以习近平新时代中国特色社会主义思想为指导，全面贯彻党的二十大和二十届历次全会精神，深入学习贯彻习近平总书记关于坚持和完善人民代表大会制度的重要思想，坚持党的领导、人民当家作主、依法治国有机统一，紧紧围绕市委工作部署，依法履行职责，为深圳加快建设更具全球影响力的经济中心城市和现代化国际大都市作出新的更大贡献。各位代表，新时代新征程，人大工作使命光荣、责任重大。

　　让我们更加紧密地团结在以习近平同志为核心的党中央周围，在市委坚强领导下，坚定信心、勇毅前行，奋力开创深圳人大工作新局面。各位代表：现在，我受深圳市人民代表大会常务委员会委托，向大会报告工作，请予审议。过去一年的主要工作。

　　2025年是高质量完成“十四五”规划目标任务、谋划“十五五”发展的关键之年。一年来，市人大常委会坚持以习近平新时代中国特色社会主义思想为指导，全面贯彻党的二十大和二十届历次全会精神，深入学习贯彻习近平总书记对广东、深圳系列重要讲话和重要指示精神，在市委坚强领导下，在全国人大常委会和省人大常委会有力指导下，紧紧围绕“加快建设更具全球影响力的经济中心城市和现代化国际大都市”目标，依法履行宪法法律赋予的职责，坚持党的领导、人民当家作主、依法治国有机统一，全面发展全过程人民民主，扎实推进立法、监督、代表等各项工作，为深圳在新征程上勇当尖兵、再立新功作出了人大贡献。坚持党的全面领导，确保人大工作正确政治方向。

　　常委会党组认真落实第一议题制度，及时传达学习习近平总书记重要讲话和重要指示精神，把党的领导贯穿人大工作全过程各方面。严格执行向市委请示报告制度，重大事项、重要工作、重要立法及时向市委请示报告，确保市委决策部署在人大工作中得到不折不扣贯彻落实。围绕中心服务大局，坚持以高质量立法推动高质量发展。

　　全年共制定、修改法规二十余件，深化经济特区立法与设区的市立法“双轨”并行，积极推进先行先试和改革创新，在科技创新、现代化产业体系、城市治理、民生保障、生态文明等重点领域加强立法，为深圳建设中国特色社会主义先行示范区提供坚实法治保障。依法加强监督，推动法律法规有效实施和“一府一委两院”依法履职。常委会听取审议国民经济和社会发展计划执行情况、预算执行情况、审计工作等报告，组织开展执法检查，开展专题询问和专题调研，切实增强监督刚性和实效。

　　尊重人民主体地位，充分发挥人大代表作用。完善代表联系人民群众制度，依托代表之家、代表联络站开展活动，认真办理代表议案建议，推动解决群众急难愁盼问题。加强自身建设，努力打造让党放心、让人民满意的政治机关、权力机关、工作机关、代表机关。

　　各位代表，过去一年成绩的取得，是以习近平同志为核心的党中央坚强领导的结果，是习近平新时代中国特色社会主义思想科学指引的结果，是市委正确领导的结果，是全体人大代表、常委会组成人员和全市人民共同努力的结果。在肯定成绩的同时，我们也清醒认识到，工作中还存在一些不足：立法的精准性和时效性还需提高，监督的针对性和实效性还需增强，代表工作的广度和深度还需拓展，自身建设还有待加强。我们将认真研究改进。

　　今年主要任务。2026年是“十五五”规划开局之年，也是深圳经济特区建立四十六周年。市人大常委会工作的总体要求是：坚持以习近平新时代中国特色社会主义思想为指导，全面贯彻党的二十大和二十届历次全会精神，深入学习贯彻习近平总书记关于坚持和完善人民代表大会制度的重要思想，坚持党的领导、人民当家作主、依法治国有机统一，紧紧围绕市委工作部署，依法履行职责，为深圳加快建设更具全球影响力的经济中心城市和现代化国际大都市作出新的更大贡献。

　　各位代表，新时代新征程，人大工作使命光荣、责任重大。让我们更加紧密地团结在以习近平同志为核心的党中央周围，在市委坚强领导下，坚定信心、勇毅前行，奋力开创深圳人大工作新局面。各位代表：现在，我受深圳市人民代表大会常务委员会委托，向大会报告工作，请予审议。

　　过去一年的主要工作。2025年是高质量完成“十四五”规划目标任务、谋划“十五五”发展的关键之年。一年来，市人大常委会坚持以习近平新时代中国特色社会主义思想为指导，全面贯彻党的二十大和二十届历次全会精神，深入学习贯彻习近平总书记对广东、深圳系列重要讲话和重要指示精神，在市委坚强领导下，在全国人大常委会和省人大常委会有力指导下，紧紧围绕“加快建设更具全球影响力的经济中心城市和现代化国际大都市”目标，依法履行宪法法律赋予的职责，坚持党的领导、人民当家作主、依法治国有机统一，全面发展全过程人民民主，扎实推进立法、监督、代表等各项工作，为深圳在新征程上勇当尖兵、再立新功作出了人大贡献。

　　坚持党的全面领导，确保人大工作正确政治方向。常委会党组认真落实第一议题制度，及时传达学习习近平总书记重要讲话和重要指示精神，把党的领导贯穿人大工作全过程各方面。严格执行向市委请示报告制度，重大事项、重要工作、重要立法及时向市委请示报告，确保市委决策部署在人大工作中得到不折不扣贯彻落实。

　　围绕中心服务大局，坚持以高质量立法推动高质量发展。全年共制定、修改法规二十余件，深化经济特区立法与设区的市立法“双轨”并行，积极推进先行先试和改革创新，在科技创新、现代化产业体系、城市治理、民生保障、生态文明等重点领域加强立法，为深圳建设中国特色社会主义先行示范区提供坚实法治保障。依法加强监督，推动法律法规有效实施和“一府一委两院”依法履职。

　　常委会听取审议国民经济和社会发展计划执行情况、预算执行情况、审计工作等报告，组织开展执法检查，开展专题询问和专题调研，切实增强监督刚性和实效。尊重人民主体地位，充分发挥人大代表作用。完善代表联系人民群众制度，依托代表之家、代表联络站开展活动，认真办理代表议案建议，推动解决群众急难愁盼问题。

　　加强自身建设，努力打造让党放心、让人民满意的政治机关、权力机关、工作机关、代表机关。各位代表，过去一年成绩的取得，是以习近平同志为核心的党中央坚强领导的结果，是习近平新时代中国特色社会主义思想科学指引的结果，是市委正确领导的结果，是全体人大代表、常委会组成人员和全市人民共同努力的结果。在肯定成绩的同时，我们也清醒认识到，工作中还存在一些不足：立法的精准性和时效性还需提高，监督的针对性和实效性还需增强，代表工作的广度和深度还需拓展，自身建设还有待加强。

　　我们将认真研究改进。今年主要任务。2026年是“十五五”规划开局之年，也是深圳经济特区建立四十六周年。

　　市人大常委会工作的总体要求是：坚持以习近平新时代中国特色社会主义思想为指导，全面贯彻党的二十大和二十届历次全会精神，深入学习贯彻习近平总书记关于坚持和完善人民代表大会制度的重要思想，坚持党的领导、人民当家作主、依法治国有机统一，紧紧围绕市委工作部署，依法履行职责，为深圳加快建设更具全球影响力的经济中心城市和现代化国际大都市作出新的更大贡献。各位代表，新时代新征程，人大工作使命光荣、责任重大。让我们更加紧密地团结在以习近平同志为核心的党中央周围，在市委坚强领导下，坚定信心、勇毅前行，奋力开创深圳人大工作新局面。

　　各位代表：现在，我受深圳市人民代表大会常务委员会委托，向大会报告工作，请予审议。过去一年的主要工作。2025年是高质量完成“十四五”规划目标任务、谋划“十五五”发展的关键之年。

　　一年来，市人大常委会坚持以习近平新时代中国特色社会主义思想为指导，全面贯彻党的二十大和二十届历次全会精神，深入学习贯彻习近平总书记对广东、深圳系列重要讲话和重要指示精神，在市委坚强领导下，在全国人大常委会和省人大常委会有力指导下，紧紧围绕“加快建设更具全球影响力的经济中心城市和现代化国际大都市”目标，依法履行宪法法律赋予的职责，坚持党的领导、人民当家作主、依法治国有机统一，全面发展全过程人民民主，扎实推进立法、监督、代表等各项工作，为深圳在新征程上勇当尖兵、再立新功作出了人大贡献。坚持党的全面领导，确保人大工作正确政治方向。常委会党组认真落实第一议题制度，及时传达学习习近平总书记重要讲话和重要指示精神，把党的领导贯穿人大工作全过程各方面。

　　严格执行向市委请示报告制度，重大事项、重要工作、重要立法及时向市委请示报告，确保市委决策部署在人大工作中得到不折不扣贯彻落实。围绕中心服务大局，坚持以高质量立法推动高质量发展。全年共制定、修改法规二十余件，深化经济特区立法与设区的市立法“双轨”并行，积极推进先行先试和改革创新，在科技创新、现代化产业体系、城市治理、民生保障、生态文明等重点领域加强立法，为深圳建设中国特色社会主义先行示范区提供坚实法治保障。

　　依法加强监督，推动法律法规有效实施和“一府一委两院”依法履职。常委会听取审议国民经济和社会发展计划执行情况、预算执行情况、审计工作等报告，组织开展执法检查，开展专题询问和专题调研，切实增强监督刚性和实效。尊重人民主体地位，充分发挥人大代表作用。

　　完善代表联系人民群众制度，依托代表之家、代表联络站开展活动，认真办理代表议案建议，推动解决群众急难愁盼问题。加强自身建设，努力打造让党放心、让人民满意的政治机关、权力机关、工作机关、代表机关。各位代表，过去一年成绩的取得，是以习近平同志为核心的党中央坚强领导的结果，是习近平新时代中国特色社会主义思想科学指引的结果，是市委正确领导的结果，是全体人大代表、常委会组成人员和全市人民共同努力的结果。

　　在肯定成绩的同时，我们也清醒认识到，工作中还存在一些不足：立法的精准性和时效性还需提高，监督的针对性和实效性还需增强，代表工作的广度和深度还需拓展，自身建设还有待加强。我们将认真研究改进。今年主要任务。

　　2026年是“十五五”规划开局之年，也是深圳经济特区建立四十六周年。市人大常委会工作的总体要求是：坚持以习近平新时代中国特色社会主义思想为指导，全面贯彻党的二十大和二十届历次全会精神，深入学习贯彻习近平总书记关于坚持和完善人民代表大会制度的重要思想，坚持党的领导、人民当家作主、依法治国有机统一，紧紧围绕市委工作部署，依法履行职责，为深圳加快建设更具全球影响力的经济中心城市和现代化国际大都市作出新的更大贡献。各位代表，新时代新征程，人大工作使命光荣、责任重大。

　　让我们更加紧密地团结在以习近平同志为核心的党中央周围，在市委坚强领导下，坚定信心、勇毅前行，奋力开创深圳人大工作新局面。各位代表：现在，我受深圳市人民代表大会常务委员会委托，向大会报告工作，请予审议。过去一年的主要工作。

　　2025年是高质量完成“十四五”规划目标任务、谋划“十五五”发展的关键之年。一年来，市人大常委会坚持以习近平新时代中国特色社会主义思想为指导，全面贯彻党的二十大和二十届历次全会精神，深入学习贯彻习近平总书记对广东、深圳系列重要讲话和重要指示精神，在市委坚强领导下，在全国人大常委会和省人大常委会有力指导下，紧紧围绕“加快建设更具全球影响力的经济中心城市和现代化国际大都市”目标，依法履行宪法法律赋予的职责，坚持党的领导、人民当家作主、依法治国有机统一，全面发展全过程人民民主，扎实推进立法、监督、代表等各项工作，为深圳在新征程上勇当尖兵、再立新功作出了人大贡献。坚持党的全面领导，确保人大工作正确政治方向。

　　常委会党组认真落实第一议题制度，及时传达学习习近平总书记重要讲话和重要指示精神，把党的领导贯穿人大工作全过程各方面。严格执行向市委请示报告制度，重大事项、重要工作、重要立法及时向市委请示报告，确保市委决策部署在人大工作中得到不折不扣贯彻落实。围绕中心服务大局，坚持以高质量立法推动高质量发展。

　　全年共制定、修改法规二十余件，深化经济特区立法与设区的市立法“双轨”并行，积极推进先行先试和改革创新，在科技创新、现代化产业体系、城市治理、民生保障、生态文明等重点领域加强立法，为深圳建设中国特色社会主义先行示范区提供坚实法治保障。依法加强监督，推动法律法规有效实施和“一府一委两院”依法履职。常委会听取审议国民经济和社会发展计划执行情况、预算执行情况、审计工作等报告，组织开展执法检查，开展专题询问和专题调研，切实增强监督刚性和实效。

　　尊重人民主体地位，充分发挥人大代表作用。完善代表联系人民群众制度，依托代表之家、代表联络站开展活动，认真办理代表议案建议，推动解决群众急难愁盼问题。加强自身建设，努力打造让党放心、让人民满意的政治机关、权力机关、工作机关、代表机关。

　　各位代表，过去一年成绩的取得，是以习近平同志为核心的党中央坚强领导的结果，是习近平新时代中国特色社会主义思想科学指引的结果，是市委正确领导的结果，是全体人大代表、常委会组成人员和全市人民共同努力的结果。在肯定成绩的同时，我们也清醒认识到，工作中还存在一些不足：立法的精准性和时效性还需提高，监督的针对性和实效性还需增强，代表工作的广度和深度还需拓展，自身建设还有待加强。我们将认真研究改进。

　　今年主要任务。2026年是“十五五”规划开局之年，也是深圳经济特区建立四十六周年。市人大常委会工作的总体要求是：坚持以习近平新时代中国特色社会主义思想为指导，全面贯彻党的二十大和二十届历次全会精神，深入学习贯彻习近平总书记关于坚持和完善人民代表大会制度的重要思想，坚持党的领导、人民当家作主、依法治国有机统一，紧紧围绕市委工作部署，依法履行职责，为深圳加快建设更具全球影响力的经济中心城市和现代化国际大都市作出新的更大贡献。

三、围绕中心大局开展监督

　　各位代表，新时代新征程，人大工作使命光荣、责任重大。让我们更加紧密地团结在以习近平同志为核心的党中央周围，在市委坚强领导下，坚定信心、勇毅前行，奋力开创深圳人大工作新局面。各位代表：现在，我受深圳市人民代表大会常务委员会委托，向大会报告工作，请予审议。

　　过去一年的主要工作。2025年是高质量完成“十四五”规划目标任务、谋划“十五五”发展的关键之年。一年来，市人大常委会坚持以习近平新时代中国特色社会主义思想为指导，全面贯彻党的二十大和二十届历次全会精神，深入学习贯彻习近平总书记对广东、深圳系列重要讲话和重要指示精神，在市委坚强领导下，在全国人大常委会和省人大常委会有力指导下，紧紧围绕“加快建设更具全球影响力的经济中心城市和现代化国际大都市”目标，依法履行宪法法律赋予的职责，坚持党的领导、人民当家作主、依法治国有机统一，全面发展全过程人民民主，扎实推进立法、监督、代表等各项工作，为深圳在新征程上勇当尖兵、再立新功作出了人大贡献。

　　坚持党的全面领导，确保人大工作正确政治方向。常委会党组认真落实第一议题制度，及时传达学习习近平总书记重要讲话和重要指示精神，把党的领导贯穿人大工作全过程各方面。严格执行向市委请示报告制度，重大事项、重要工作、重要立法及时向市委请示报告，确保市委决策部署在人大工作中得到不折不扣贯彻落实。

　　围绕中心服务大局，坚持以高质量立法推动高质量发展。全年共制定、修改法规二十余件，深化经济特区立法与设区的市立法“双轨”并行，积极推进先行先试和改革创新，在科技创新、现代化产业体系、城市治理、民生保障、生态文明等重点领域加强立法，为深圳建设中国特色社会主义先行示范区提供坚实法治保障。依法加强监督，推动法律法规有效实施和“一府一委两院”依法履职。

　　常委会听取审议国民经济和社会发展计划执行情况、预算执行情况、审计工作等报告，组织开展执法检查，开展专题询问和专题调研，切实增强监督刚性和实效。尊重人民主体地位，充分发挥人大代表作用。完善代表联系人民群众制度，依托代表之家、代表联络站开展活动，认真办理代表议案建议，推动解决群众急难愁盼问题。

　　加强自身建设，努力打造让党放心、让人民满意的政治机关、权力机关、工作机关、代表机关。各位代表，过去一年成绩的取得，是以习近平同志为核心的党中央坚强领导的结果，是习近平新时代中国特色社会主义思想科学指引的结果，是市委正确领导的结果，是全体人大代表、常委会组成人员和全市人民共同努力的结果。在肯定成绩的同时，我们也清醒认识到，工作中还存在一些不足：立法的精准性和时效性还需提高，监督的针对性和实效性还需增强，代表工作的广度和深度还需拓展，自身建设还有待加强。

　　我们将认真研究改进。今年主要任务。2026年是“十五五”规划开局之年，也是深圳经济特区建立四十六周年。

　　市人大常委会工作的总体要求是：坚持以习近平新时代中国特色社会主义思想为指导，全面贯彻党的二十大和二十届历次全会精神，深入学习贯彻习近平总书记关于坚持和完善人民代表大会制度的重要思想，坚持党的领导、人民当家作主、依法治国有机统一，紧紧围绕市委工作部署，依法履行职责，为深圳加快建设更具全球影响力的经济中心城市和现代化国际大都市作出新的更大贡献。各位代表，新时代新征程，人大工作使命光荣、责任重大。让我们更加紧密地团结在以习近平同志为核心的党中央周围，在市委坚强领导下，坚定信心、勇毅前行，奋力开创深圳人大工作新局面。

　　各位代表：现在，我受深圳市人民代表大会常务委员会委托，向大会报告工作，请予审议。过去一年的主要工作。2025年是高质量完成“十四五”规划目标任务、谋划“十五五”发展的关键之年。

　　一年来，市人大常委会坚持以习近平新时代中国特色社会主义思想为指导，全面贯彻党的二十大和二十届历次全会精神，深入学习贯彻习近平总书记对广东、深圳系列重要讲话和重要指示精神，在市委坚强领导下，在全国人大常委会和省人大常委会有力指导下，紧紧围绕“加快建设更具全球影响力的经济中心城市和现代化国际大都市”目标，依法履行宪法法律赋予的职责，坚持党的领导、人民当家作主、依法治国有机统一，全面发展全过程人民民主，扎实推进立法、监督、代表等各项工作，为深圳在新征程上勇当尖兵、再立新功作出了人大贡献。坚持党的全面领导，确保人大工作正确政治方向。常委会党组认真落实第一议题制度，及时传达学习习近平总书记重要讲话和重要指示精神，把党的领导贯穿人大工作全过程各方面。

三、全面推进全过程人民民主

　　严格执行向市委请示报告制度，重大事项、重要工作、重要立法及时向市委请示报告，确保市委决策部署在人大工作中得到不折不扣贯彻落实。围绕中心服务大局，坚持以高质量立法推动高质量发展。全年共制定、修改法规二十余件，深化经济特区立法与设区的市立法“双轨”并行，积极推进先行先试和改革创新，在科技创新、现代化产业体系、城市治理、民生保障、生态文明等重点领域加强立法，为深圳建设中国特色社会主义先行示范区提供坚实法治保障。

　　依法加强监督，推动法律法规有效实施和“一府一委两院”依法履职。常委会听取审议国民经济和社会发展计划执行情况、预算执行情况、审计工作等报告，组织开展执法检查，开展专题询问和专题调研，切实增强监督刚性和实效。尊重人民主体地位，充分发挥人大代表作用。

　　完善代表联系人民群众制度，依托代表之家、代表联络站开展活动，认真办理代表议案建议，推动解决群众急难愁盼问题。加强自身建设，努力打造让党放心、让人民满意的政治机关、权力机关、工作机关、代表机关。各位代表，过去一年成绩的取得，是以习近平同志为核心的党中央坚强领导的结果，是习近平新时代中国特色社会主义思想科学指引的结果，是市委正确领导的结果，是全体人大代表、常委会组成人员和全市人民共同努力的结果。

　　在肯定成绩的同时，我们也清醒认识到，工作中还存在一些不足：立法的精准性和时效性还需提高，监督的针对性和实效性还需增强，代表工作的广度和深度还需拓展，自身建设还有待加强。我们将认真研究改进。今年主要任务。

　　2026年是“十五五”规划开局之年，也是深圳经济特区建立四十六周年。市人大常委会工作的总体要求是：坚持以习近平新时代中国特色社会主义思想为指导，全面贯彻党的二十大和二十届历次全会精神，深入学习贯彻习近平总书记关于坚持和完善人民代表大会制度的重要思想，坚持党的领导、人民当家作主、依法治国有机统一，紧紧围绕市委工作部署，依法履行职责，为深圳加快建设更具全球影响力的经济中心城市和现代化国际大都市作出新的更大贡献。各位代表，新时代新征程，人大工作使命光荣、责任重大。

　　让我们更加紧密地团结在以习近平同志为核心的党中央周围，在市委坚强领导下，坚定信心、勇毅前行，奋力开创深圳人大工作新局面。各位代表：现在，我受深圳市人民代表大会常务委员会委托，向大会报告工作，请予审议。过去一年的主要工作。

　　2025年是高质量完成“十四五”规划目标任务、谋划“十五五”发展的关键之年。一年来，市人大常委会坚持以习近平新时代中国特色社会主义思想为指导，全面贯彻党的二十大和二十届历次全会精神，深入学习贯彻习近平总书记对广东、深圳系列重要讲话和重要指示精神，在市委坚强领导下，在全国人大常委会和省人大常委会有力指导下，紧紧围绕“加快建设更具全球影响力的经济中心城市和现代化国际大都市”目标，依法履行宪法法律赋予的职责，坚持党的领导、人民当家作主、依法治国有机统一，全面发展全过程人民民主，扎实推进立法、监督、代表等各项工作，为深圳在新征程上勇当尖兵、再立新功作出了人大贡献。坚持党的全面领导，确保人大工作正确政治方向。

　　常委会党组认真落实第一议题制度，及时传达学习习近平总书记重要讲话和重要指示精神，把党的领导贯穿人大工作全过程各方面。严格执行向市委请示报告制度，重大事项、重要工作、重要立法及时向市委请示报告，确保市委决策部署在人大工作中得到不折不扣贯彻落实。围绕中心服务大局，坚持以高质量立法推动高质量发展。

　　全年共制定、修改法规二十余件，深化经济特区立法与设区的市立法“双轨”并行，积极推进先行先试和改革创新，在科技创新、现代化产业体系、城市治理、民生保障、生态文明等重点领域加强立法，为深圳建设中国特色社会主义先行示范区提供坚实法治保障。依法加强监督，推动法律法规有效实施和“一府一委两院”依法履职。常委会听取审议国民经济和社会发展计划执行情况、预算执行情况、审计工作等报告，组织开展执法检查，开展专题询问和专题调研，切实增强监督刚性和实效。

　　尊重人民主体地位，充分发挥人大代表作用。完善代表联系人民群众制度，依托代表之家、代表联络站开展活动，认真办理代表议案建议，推动解决群众急难愁盼问题。加强自身建设，努力打造让党放心、让人民满意的政治机关、权力机关、工作机关、代表机关。

　　各位代表，过去一年成绩的取得，是以习近平同志为核心的党中央坚强领导的结果，是习近平新时代中国特色社会主义思想科学指引的结果，是市委正确领导的结果，是全体人大代表、常委会组成人员和全市人民共同努力的结果。在肯定成绩的同时，我们也清醒认识到，工作中还存在一些不足：立法的精准性和时效性还需提高，监督的针对性和实效性还需增强，代表工作的广度和深度还需拓展，自身建设还有待加强。我们将认真研究改进。

　　今年主要任务。2026年是“十五五”规划开局之年，也是深圳经济特区建立四十六周年。市人大常委会工作的总体要求是：坚持以习近平新时代中国特色社会主义思想为指导，全面贯彻党的二十大和二十届历次全会精神，深入学习贯彻习近平总书记关于坚持和完善人民代表大会制度的重要思想，坚持党的领导、人民当家作主、依法治国有机统一，紧紧围绕市委工作部署，依法履行职责，为深圳加快建设更具全球影响力的经济中心城市和现代化国际大都市作出新的更大贡献。

　　各位代表，新时代新征程，人大工作使命光荣、责任重大。让我们更加紧密地团结在以习近平同志为核心的党中央周围，在市委坚强领导下，坚定信心、勇毅前行，奋力开创深圳人大工作新局面。各位代表：现在，我受深圳市人民代表大会常务委员会委托，向大会报告工作，请予审议。

　　过去一年的主要工作。2025年是高质量完成“十四五”规划目标任务、谋划“十五五”发展的关键之年。一年来，市人大常委会坚持以习近平新时代中国特色社会主义思想为指导，全面贯彻党的二十大和二十届历次全会精神，深入学习贯彻习近平总书记对广东、深圳系列重要讲话和重要指示精神，在市委坚强领导下，在全国人大常委会和省人大常委会有力指导下，紧紧围绕“加快建设更具全球影响力的经济中心城市和现代化国际大都市”目标，依法履行宪法法律赋予的职责，坚持党的领导、人民当家作主、依法治国有机统一，全面发展全过程人民民主，扎实推进立法、监督、代表等各项工作，为深圳在新征程上勇当尖兵、再立新功作出了人大贡献。

　　坚持党的全面领导，确保人大工作正确政治方向。常委会党组认真落实第一议题制度，及时传达学习习近平总书记重要讲话和重要指示精神，把党的领导贯穿人大工作全过程各方面。严格执行向市委请示报告制度，重大事项、重要工作、重要立法及时向市委请示报告，确保市委决策部署在人大工作中得到不折不扣贯彻落实。

　　围绕中心服务大局，坚持以高质量立法推动高质量发展。全年共制定、修改法规二十余件，深化经济特区立法与设区的市立法“双轨”并行，积极推进先行先试和改革创新，在科技创新、现代化产业体系、城市治理、民生保障、生态文明等重点领域加强立法，为深圳建设中国特色社会主义先行示范区提供坚实法治保障。依法加强监督，推动法律法规有效实施和“一府一委两院”依法履职。

　　常委会听取审议国民经济和社会发展计划执行情况、预算执行情况、审计工作等报告，组织开展执法检查，开展专题询问和专题调研，切实增强监督刚性和实效。尊重人民主体地位，充分发挥人大代表作用。完善代表联系人民群众制度，依托代表之家、代表联络站开展活动，认真办理代表议案建议，推动解决群众急难愁盼问题。

　　加强自身建设，努力打造让党放心、让人民满意的政治机关、权力机关、工作机关、代表机关。各位代表，过去一年成绩的取得，是以习近平同志为核心的党中央坚强领导的结果，是习近平新时代中国特色社会主义思想科学指引的结果，是市委正确领导的结果，是全体人大代表、常委会组成人员和全市人民共同努力的结果。在肯定成绩的同时，我们也清醒认识到，工作中还存在一些不足：立法的精准性和时效性还需提高，监督的针对性和实效性还需增强，代表工作的广度和深度还需拓展，自身建设还有待加强。

　　我们将认真研究改进。今年主要任务。2026年是“十五五”规划开局之年，也是深圳经济特区建立四十六周年。

　　市人大常委会工作的总体要求是：坚持以习近平新时代中国特色社会主义思想为指导，全面贯彻党的二十大和二十届历次全会精神，深入学习贯彻习近平总书记关于坚持和完善人民代表大会制度的重要思想，坚持党的领导、人民当家作主、依法治国有机统一，紧紧围绕市委工作部署，依法履行职责，为深圳加快建设更具全球影响力的经济中心城市和现代化国际大都市作出新的更大贡献。各位代表，新时代新征程，人大工作使命光荣、责任重大。让我们更加紧密地团结在以习近平同志为核心的党中央周围，在市委坚强领导下，坚定信心、勇毅前行，奋力开创深圳人大工作新局面。

　　各位代表：现在，我受深圳市人民代表大会常务委员会委托，向大会报告工作，请予审议。过去一年的主要工作。2025年是高质量完成“十四五”规划目标任务、谋划“十五五”发展的关键之年。

　　一年来，市人大常委会坚持以习近平新时代中国特色社会主义思想为指导，全面贯彻党的二十大和二十届历次全会精神，深入学习贯彻习近平总书记对广东、深圳系列重要讲话和重要指示精神，在市委坚强领导下，在全国人大常委会和省人大常委会有力指导下，紧紧围绕“加快建设更具全球影响力的经济中心城市和现代化国际大都市”目标，依法履行宪法法律赋予的职责，坚持党的领导、人民当家作主、依法治国有机统一，全面发展全过程人民民主，扎实推进立法、监督、代表等各项工作，为深圳在新征程上勇当尖兵、再立新功作出了人大贡献。坚持党的全面领导，确保人大工作正确政治方向。常委会党组认真落实第一议题制度，及时传达学习习近平总书记重要讲话和重要指示精神，把党的领导贯穿人大工作全过程各方面。

　　严格执行向市委请示报告制度，重大事项、重要工作、重要立法及时向市委请示报告，确保市委决策部署在人大工作中得到不折不扣贯彻落实。围绕中心服务大局，坚持以高质量立法推动高质量发展。全年共制定、修改法规二十余件，深化经济特区立法与设区的市立法“双轨”并行，积极推进先行先试和改革创新，在科技创新、现代化产业体系、城市治理、民生保障、生态文明等重点领域加强立法，为深圳建设中国特色社会主义先行示范区提供坚实法治保障。

　　依法加强监督，推动法律法规有效实施和“一府一委两院”依法履职。常委会听取审议国民经济和社会发展计划执行情况、预算执行情况、审计工作等报告，组织开展执法检查，开展专题询问和专题调研，切实增强监督刚性和实效。尊重人民主体地位，充分发挥人大代表作用。

　　完善代表联系人民群众制度，依托代表之家、代表联络站开展活动，认真办理代表议案建议，推动解决群众急难愁盼问题。加强自身建设，努力打造让党放心、让人民满意的政治机关、权力机关、工作机关、代表机关。各位代表，过去一年成绩的取得，是以习近平同志为核心的党中央坚强领导的结果，是习近平新时代中国特色社会主义思想科学指引的结果，是市委正确领导的结果，是全体人大代表、常委会组成人员和全市人民共同努力的结果。

　　在肯定成绩的同时，我们也清醒认识到，工作中还存在一些不足：立法的精准性和时效性还需提高，监督的针对性和实效性还需增强，代表工作的广度和深度还需拓展，自身建设还有待加强。我们将认真研究改进。今年主要任务。

　　2026年是“十五五”规划开局之年，也是深圳经济特区建立四十六周年。市人大常委会工作的总体要求是：坚持以习近平新时代中国特色社会主义思想为指导，全面贯彻党的二十大和二十届历次全会精神，深入学习贯彻习近平总书记关于坚持和完善人民代表大会制度的重要思想，坚持党的领导、人民当家作主、依法治国有机统一，紧紧围绕市委工作部署，依法履行职责，为深圳加快建设更具全球影响力的经济中心城市和现代化国际大都市作出新的更大贡献。各位代表，新时代新征程，人大工作使命光荣、责任重大。

　　让我们更加紧密地团结在以习近平同志为核心的党中央周围，在市委坚强领导下，坚定信心、勇毅前行，奋力开创深圳人大工作新局面。各位代表：现在，我受深圳市人民代表大会常务委员会委托，向大会报告工作，请予审议。过去一年的主要工作。

　　2025年是高质量完成“十四五”规划目标任务、谋划“十五五”发展的关键之年。一年来，市人大常委会坚持以习近平新时代中国特色社会主义思想为指导，全面贯彻党的二十大和二十届历次全会精神，深入学习贯彻习近平总书记对广东、深圳系列重要讲话和重要指示精神，在市委坚强领导下，在全国人大常委会和省人大常委会有力指导下，紧紧围绕“加快建设更具全球影响力的经济中心城市和现代化国际大都市”目标，依法履行宪法法律赋予的职责，坚持党的领导、人民当家作主、依法治国有机统一，全面发展全过程人民民主，扎实推进立法、监督、代表等各项工作，为深圳在新征程上勇当尖兵、再立新功作出了人大贡献。坚持党的全面领导，确保人大工作正确政治方向。

　　常委会党组认真落实第一议题制度，及时传达学习习近平总书记重要讲话和重要指示精神，把党的领导贯穿人大工作全过程各方面。严格执行向市委请示报告制度，重大事项、重要工作、重要立法及时向市委请示报告，确保市委决策部署在人大工作中得到不折不扣贯彻落实。围绕中心服务大局，坚持以高质量立法推动高质量发展。

　　全年共制定、修改法规二十余件，深化经济特区立法与设区的市立法“双轨”并行，积极推进先行先试和改革创新，在科技创新、现代化产业体系、城市治理、民生保障、生态文明等重点领域加强立法，为深圳建设中国特色社会主义先行示范区提供坚实法治保障。依法加强监督，推动法律法规有效实施和“一府一委两院”依法履职。常委会听取审议国民经济和社会发展计划执行情况、预算执行情况、审计工作等报告，组织开展执法检查，开展专题询问和专题调研，切实增强监督刚性和实效。

　　尊重人民主体地位，充分发挥人大代表作用。完善代表联系人民群众制度，依托代表之家、代表联络站开展活动，认真办理代表议案建议，推动解决群众急难愁盼问题。加强自身建设，努力打造让党放心、让人民满意的政治机关、权力机关、工作机关、代表机关。

　　各位代表，过去一年成绩的取得，是以习近平同志为核心的党中央坚强领导的结果，是习近平新时代中国特色社会主义思想科学指引的结果，是市委正确领导的结果，是全体人大代表、常委会组成人员和全市人民共同努力的结果。在肯定成绩的同时，我们也清醒认识到，工作中还存在一些不足：立法的精准性和时效性还需提高，监督的针对性和实效性还需增强，代表工作的广度和深度还需拓展，自身建设还有待加强。我们将认真研究改进。

　　今年主要任务。2026年是“十五五”规划开局之年，也是深圳经济特区建立四十六周年。市人大常委会工作的总体要求是：坚持以习近平新时代中国特色社会主义思想为指导，全面贯彻党的二十大和二十届历次全会精神，深入学习贯彻习近平总书记关于坚持和完善人民代表大会制度的重要思想，坚持党的领导、人民当家作主、依法治国有机统一，紧紧围绕市委工作部署，依法履行职责，为深圳加快建设更具全球影响力的经济中心城市和现代化国际大都市作出新的更大贡献。

　　各位代表，新时代新征程，人大工作使命光荣、责任重大。让我们更加紧密地团结在以习近平同志为核心的党中央周围，在市委坚强领导下，坚定信心、勇毅前行，奋力开创深圳人大工作新局面。各位代表：现在，我受深圳市人民代表大会常务委员会委托，向大会报告工作，请予审议。

　　过去一年的主要工作。2025年是高质量完成“十四五”规划目标任务、谋划“十五五”发展的关键之年。一年来，市人大常委会坚持以习近平新时代中国特色社会主义思想为指导，全面贯彻党的二十大和二十届历次全会精神，深入学习贯彻习近平总书记对广东、深圳系列重要讲话和重要指示精神，在市委坚强领导下，在全国人大常委会和省人大常委会有力指导下，紧紧围绕“加快建设更具全球影响力的经济中心城市和现代化国际大都市”目标，依法履行宪法法律赋予的职责，坚持党的领导、人民当家作主、依法治国有机统一，全面发展全过程人民民主，扎实推进立法、监督、代表等各项工作，为深圳在新征程上勇当尖兵、再立新功作出了人大贡献。

　　坚持党的全面领导，确保人大工作正确政治方向。常委会党组认真落实第一议题制度，及时传达学习习近平总书记重要讲话和重要指示精神，把党的领导贯穿人大工作全过程各方面。严格执行向市委请示报告制度，重大事项、重要工作、重要立法及时向市委请示报告，确保市委决策部署在人大工作中得到不折不扣贯彻落实。

　　围绕中心服务大局，坚持以高质量立法推动高质量发展。全年共制定、修改法规二十余件，深化经济特区立法与设区的市立法“双轨”并行，积极推进先行先试和改革创新，在科技创新、现代化产业体系、城市治理、民生保障、生态文明等重点领域加强立法，为深圳建设中国特色社会主义先行示范区提供坚实法治保障。依法加强监督，推动法律法规有效实施和“一府一委两院”依法履职。

　　常委会听取审议国民经济和社会发展计划执行情况、预算执行情况、审计工作等报告，组织开展执法检查，开展专题询问和专题调研，切实增强监督刚性和实效。尊重人民主体地位，充分发挥人大代表作用。完善代表联系人民群众制度，依托代表之家、代表联络站开展活动，认真办理代表议案建议，推动解决群众急难愁盼问题。

　　加强自身建设，努力打造让党放心、让人民满意的政治机关、权力机关、工作机关、代表机关。各位代表，过去一年成绩的取得，是以习近平同志为核心的党中央坚强领导的结果，是习近平新时代中国特色社会主义思想科学指引的结果，是市委正确领导的结果，是全体人大代表、常委会组成人员和全市人民共同努力的结果。在肯定成绩的同时，我们也清醒认识到，工作中还存在一些不足：立法的精准性和时效性还需提高，监督的针对性和实效性还需增强，代表工作的广度和深度还需拓展，自身建设还有待加强。

　　我们将认真研究改进。今年主要任务。2026年是“十五五”规划开局之年，也是深圳经济特区建立四十六周年。

　　市人大常委会工作的总体要求是：坚持以习近平新时代中国特色社会主义思想为指导，全面贯彻党的二十大和二十届历次全会精神，深入学习贯彻习近平总书记关于坚持和完善人民代表大会制度的重要思想，坚持党的领导、人民当家作主、依法治国有机统一，紧紧围绕市委工作部署，依法履行职责，为深圳加快建设更具全球影响力的经济中心城市和现代化国际大都市作出新的更大贡献。各位代表，新时代新征程，人大工作使命光荣、责任重大。让我们更加紧密地团结在以习近平同志为核心的党中央周围，在市委坚强领导下，坚定信心、勇毅前行，奋力开创深圳人大工作新局面。

　　各位代表：现在，我受深圳市人民代表大会常务委员会委托，向大会报告工作，请予审议。过去一年的主要工作。2025年是高质量完成“十四五”规划目标任务、谋划“十五五”发展的关键之年。

　　一年来，市人大常委会坚持以习近平新时代中国特色社会主义思想为指导，全面贯彻党的二十大和二十届历次全会精神，深入学习贯彻习近平总书记对广东、深圳系列重要讲话和重要指示精神，在市委坚强领导下，在全国人大常委会和省人大常委会有力指导下，紧紧围绕“加快建设更具全球影响力的经济中心城市和现代化国际大都市”目标，依法履行宪法法律赋予的职责，坚持党的领导、人民当家作主、依法治国有机统一，全面发展全过程人民民主，扎实推进立法、监督、代表等各项工作，为深圳在新征程上勇当尖兵、再立新功作出了人大贡献。坚持党的全面领导，确保人大工作正确政治方向。常委会党组认真落实第一议题制度，及时传达学习习近平总书记重要讲话和重要指示精神，把党的领导贯穿人大工作全过程各方面。

　　严格执行向市委请示报告制度，重大事项、重要工作、重要立法及时向市委请示报告，确保市委决策部署在人大工作中得到不折不扣贯彻落实。围绕中心服务大局，坚持以高质量立法推动高质量发展。全年共制定、修改法规二十余件，深化经济特区立法与设区的市立法“双轨”并行，积极推进先行先试和改革创新，在科技创新、现代化产业体系、城市治理、民生保障、生态文明等重点领域加强立法，为深圳建设中国特色社会主义先行示范区提供坚实法治保障。

　　依法加强监督，推动法律法规有效实施和“一府一委两院”依法履职。常委会听取审议国民经济和社会发展计划执行情况、预算执行情况、审计工作等报告，组织开展执法检查，开展专题询问和专题调研，切实增强监督刚性和实效。尊重人民主体地位，充分发挥人大代表作用。

　　完善代表联系人民群众制度，依托代表之家、代表联络站开展活动，认真办理代表议案建议，推动解决群众急难愁盼问题。加强自身建设，努力打造让党放心、让人民满意的政治机关、权力机关、工作机关、代表机关。各位代表，过去一年成绩的取得，是以习近平同志为核心的党中央坚强领导的结果，是习近平新时代中国特色社会主义思想科学指引的结果，是市委正确领导的结果，是全体人大代表、常委会组成人员和全市人民共同努力的结果。

　　在肯定成绩的同时，我们也清醒认识到，工作中还存在一些不足：立法的精准性和时效性还需提高，监督的针对性和实效性还需增强，代表工作的广度和深度还需拓展，自身建设还有待加强。我们将认真研究改进。今年主要任务。

　　2026年是“十五五”规划开局之年，也是深圳经济特区建立四十六周年。市人大常委会工作的总体要求是：坚持以习近平新时代中国特色社会主义思想为指导，全面贯彻党的二十大和二十届历次全会精神，深入学习贯彻习近平总书记关于坚持和完善人民代表大会制度的重要思想，坚持党的领导、人民当家作主、依法治国有机统一，紧紧围绕市委工作部署，依法履行职责，为深圳加快建设更具全球影响力的经济中心城市和现代化国际大都市作出新的更大贡献。各位代表，新时代新征程，人大工作使命光荣、责任重大。

　　让我们更加紧密地团结在以习近平同志为核心的党中央周围，在市委坚强领导下，坚定信心、勇毅前行，奋力开创深圳人大工作新局面。各位代表：现在，我受深圳市人民代表大会常务委员会委托，向大会报告工作，请予审议。过去一年的主要工作。

四、做好代表工作

　　2025年是高质量完成“十四五”规划目标任务、谋划“十五五”发展的关键之年。一年来，市人大常委会坚持以习近平新时代中国特色社会主义思想为指导，全面贯彻党的二十大和二十届历次全会精神，深入学习贯彻习近平总书记对广东、深圳系列重要讲话和重要指示精神，在市委坚强领导下，在全国人大常委会和省人大常委会有力指导下，紧紧围绕“加快建设更具全球影响力的经济中心城市和现代化国际大都市”目标，依法履行宪法法律赋予的职责，坚持党的领导、人民当家作主、依法治国有机统一，全面发展全过程人民民主，扎实推进立法、监督、代表等各项工作，为深圳在新征程上勇当尖兵、再立新功作出了人大贡献。坚持党的全面领导，确保人大工作正确政治方向。

　　常委会党组认真落实第一议题制度，及时传达学习习近平总书记重要讲话和重要指示精神，把党的领导贯穿人大工作全过程各方面。严格执行向市委请示报告制度，重大事项、重要工作、重要立法及时向市委请示报告，确保市委决策部署在人大工作中得到不折不扣贯彻落实。围绕中心服务大局，坚持以高质量立法推动高质量发展。

　　全年共制定、修改法规二十余件，深化经济特区立法与设区的市立法“双轨”并行，积极推进先行先试和改革创新，在科技创新、现代化产业体系、城市治理、民生保障、生态文明等重点领域加强立法，为深圳建设中国特色社会主义先行示范区提供坚实法治保障。依法加强监督，推动法律法规有效实施和“一府一委两院”依法履职。常委会听取审议国民经济和社会发展计划执行情况、预算执行情况、审计工作等报告，组织开展执法检查，开展专题询问和专题调研，切实增强监督刚性和实效。

　　尊重人民主体地位，充分发挥人大代表作用。完善代表联系人民群众制度，依托代表之家、代表联络站开展活动，认真办理代表议案建议，推动解决群众急难愁盼问题。加强自身建设，努力打造让党放心、让人民满意的政治机关、权力机关、工作机关、代表机关。

　　各位代表，过去一年成绩的取得，是以习近平同志为核心的党中央坚强领导的结果，是习近平新时代中国特色社会主义思想科学指引的结果，是市委正确领导的结果，是全体人大代表、常委会组成人员和全市人民共同努力的结果。在肯定成绩的同时，我们也清醒认识到，工作中还存在一些不足：立法的精准性和时效性还需提高，监督的针对性和实效性还需增强，代表工作的广度和深度还需拓展，自身建设还有待加强。我们将认真研究改进。

　　今年主要任务。2026年是“十五五”规划开局之年，也是深圳经济特区建立四十六周年。市人大常委会工作的总体要求是：坚持以习近平新时代中国特色社会主义思想为指导，全面贯彻党的二十大和二十届历次全会精神，深入学习贯彻习近平总书记关于坚持和完善人民代表大会制度的重要思想，坚持党的领导、人民当家作主、依法治国有机统一，紧紧围绕市委工作部署，依法履行职责，为深圳加快建设更具全球影响力的经济中心城市和现代化国际大都市作出新的更大贡献。

　　各位代表，新时代新征程，人大工作使命光荣、责任重大。让我们更加紧密地团结在以习近平同志为核心的党中央周围，在市委坚强领导下，坚定信心、勇毅前行，奋力开创深圳人大工作新局面。各位代表：现在，我受深圳市人民代表大会常务委员会委托，向大会报告工作，请予审议。

　　过去一年的主要工作。2025年是高质量完成“十四五”规划目标任务、谋划“十五五”发展的关键之年。一年来，市人大常委会坚持以习近平新时代中国特色社会主义思想为指导，全面贯彻党的二十大和二十届历次全会精神，深入学习贯彻习近平总书记对广东、深圳系列重要讲话和重要指示精神，在市委坚强领导下，在全国人大常委会和省人大常委会有力指导下，紧紧围绕“加快建设更具全球影响力的经济中心城市和现代化国际大都市”目标，依法履行宪法法律赋予的职责，坚持党的领导、人民当家作主、依法治国有机统一，全面发展全过程人民民主，扎实推进立法、监督、代表等各项工作，为深圳在新征程上勇当尖兵、再立新功作出了人大贡献。

　　坚持党的全面领导，确保人大工作正确政治方向。常委会党组认真落实第一议题制度，及时传达学习习近平总书记重要讲话和重要指示精神，把党的领导贯穿人大工作全过程各方面。严格执行向市委请示报告制度，重大事项、重要工作、重要立法及时向市委请示报告，确保市委决策部署在人大工作中得到不折不扣贯彻落实。

　　围绕中心服务大局，坚持以高质量立法推动高质量发展。全年共制定、修改法规二十余件，深化经济特区立法与设区的市立法“双轨”并行，积极推进先行先试和改革创新，在科技创新、现代化产业体系、城市治理、民生保障、生态文明等重点领域加强立法，为深圳建设中国特色社会主义先行示范区提供坚实法治保障。依法加强监督，推动法律法规有效实施和“一府一委两院”依法履职。

四、持续加强代表工作

　　常委会听取审议国民经济和社会发展计划执行情况、预算执行情况、审计工作等报告，组织开展执法检查，开展专题询问和专题调研，切实增强监督刚性和实效。尊重人民主体地位，充分发挥人大代表作用。完善代表联系人民群众制度，依托代表之家、代表联络站开展活动，认真办理代表议案建议，推动解决群众急难愁盼问题。

　　加强自身建设，努力打造让党放心、让人民满意的政治机关、权力机关、工作机关、代表机关。各位代表，过去一年成绩的取得，是以习近平同志为核心的党中央坚强领导的结果，是习近平新时代中国特色社会主义思想科学指引的结果，是市委正确领导的结果，是全体人大代表、常委会组成人员和全市人民共同努力的结果。在肯定成绩的同时，我们也清醒认识到，工作中还存在一些不足：立法的精准性和时效性还需提高，监督的针对性和实效性还需增强，代表工作的广度和深度还需拓展，自身建设还有待加强。

　　我们将认真研究改进。今年主要任务。2026年是“十五五”规划开局之年，也是深圳经济特区建立四十六周年。

　　市人大常委会工作的总体要求是：坚持以习近平新时代中国特色社会主义思想为指导，全面贯彻党的二十大和二十届历次全会精神，深入学习贯彻习近平总书记关于坚持和完善人民代表大会制度的重要思想，坚持党的领导、人民当家作主、依法治国有机统一，紧紧围绕市委工作部署，依法履行职责，为深圳加快建设更具全球影响力的经济中心城市和现代化国际大都市作出新的更大贡献。各位代表，新时代新征程，人大工作使命光荣、责任重大。让我们更加紧密地团结在以习近平同志为核心的党中央周围，在市委坚强领导下，坚定信心、勇毅前行，奋力开创深圳人大工作新局面。

　　各位代表：现在，我受深圳市人民代表大会常务委员会委托，向大会报告工作，请予审议。过去一年的主要工作。2025年是高质量完成“十四五”规划目标任务、谋划“十五五”发展的关键之年。

　　一年来，市人大常委会坚持以习近平新时代中国特色社会主义思想为指导，全面贯彻党的二十大和二十届历次全会精神，深入学习贯彻习近平总书记对广东、深圳系列重要讲话和重要指示精神，在市委坚强领导下，在全国人大常委会和省人大常委会有力指导下，紧紧围绕“加快建设更具全球影响力的经济中心城市和现代化国际大都市”目标，依法履行宪法法律赋予的职责，坚持党的领导、人民当家作主、依法治国有机统一，全面发展全过程人民民主，扎实推进立法、监督、代表等各项工作，为深圳在新征程上勇当尖兵、再立新功作出了人大贡献。坚持党的全面领导，确保人大工作正确政治方向。常委会党组认真落实第一议题制度，及时传达学习习近平总书记重要讲话和重要指示精神，把党的领导贯穿人大工作全过程各方面。

　　严格执行向市委请示报告制度，重大事项、重要工作、重要立法及时向市委请示报告，确保市委决策部署在人大工作中得到不折不扣贯彻落实。围绕中心服务大局，坚持以高质量立法推动高质量发展。全年共制定、修改法规二十余件，深化经济特区立法与设区的市立法“双轨”并行，积极推进先行先试和改革创新，在科技创新、现代化产业体系、城市治理、民生保障、生态文明等重点领域加强立法，为深圳建设中国特色社会主义先行示范区提供坚实法治保障。

　　依法加强监督，推动法律法规有效实施和“一府一委两院”依法履职。常委会听取审议国民经济和社会发展计划执行情况、预算执行情况、审计工作等报告，组织开展执法检查，开展专题询问和专题调研，切实增强监督刚性和实效。尊重人民主体地位，充分发挥人大代表作用。

　　完善代表联系人民群众制度，依托代表之家、代表联络站开展活动，认真办理代表议案建议，推动解决群众急难愁盼问题。加强自身建设，努力打造让党放心、让人民满意的政治机关、权力机关、工作机关、代表机关。各位代表，过去一年成绩的取得，是以习近平同志为核心的党中央坚强领导的结果，是习近平新时代中国特色社会主义思想科学指引的结果，是市委正确领导的结果，是全体人大代表、常委会组成人员和全市人民共同努力的结果。

　　在肯定成绩的同时，我们也清醒认识到，工作中还存在一些不足：立法的精准性和时效性还需提高，监督的针对性和实效性还需增强，代表工作的广度和深度还需拓展，自身建设还有待加强。我们将认真研究改进。今年主要任务。

　　2026年是“十五五”规划开局之年，也是深圳经济特区建立四十六周年。市人大常委会工作的总体要求是：坚持以习近平新时代中国特色社会主义思想为指导，全面贯彻党的二十大和二十届历次全会精神，深入学习贯彻习近平总书记关于坚持和完善人民代表大会制度的重要思想，坚持党的领导、人民当家作主、依法治国有机统一，紧紧围绕市委工作部署，依法履行职责，为深圳加快建设更具全球影响力的经济中心城市和现代化国际大都市作出新的更大贡献。各位代表，新时代新征程，人大工作使命光荣、责任重大。

　　让我们更加紧密地团结在以习近平同志为核心的党中央周围，在市委坚强领导下，坚定信心、勇毅前行，奋力开创深圳人大工作新局面。各位代表：现在，我受深圳市人民代表大会常务委员会委托，向大会报告工作，请予审议。过去一年的主要工作。

　　2025年是高质量完成“十四五”规划目标任务、谋划“十五五”发展的关键之年。一年来，市人大常委会坚持以习近平新时代中国特色社会主义思想为指导，全面贯彻党的二十大和二十届历次全会精神，深入学习贯彻习近平总书记对广东、深圳系列重要讲话和重要指示精神，在市委坚强领导下，在全国人大常委会和省人大常委会有力指导下，紧紧围绕“加快建设更具全球影响力的经济中心城市和现代化国际大都市”目标，依法履行宪法法律赋予的职责，坚持党的领导、人民当家作主、依法治国有机统一，全面发展全过程人民民主，扎实推进立法、监督、代表等各项工作，为深圳在新征程上勇当尖兵、再立新功作出了人大贡献。坚持党的全面领导，确保人大工作正确政治方向。

　　常委会党组认真落实第一议题制度，及时传达学习习近平总书记重要讲话和重要指示精神，把党的领导贯穿人大工作全过程各方面。严格执行向市委请示报告制度，重大事项、重要工作、重要立法及时向市委请示报告，确保市委决策部署在人大工作中得到不折不扣贯彻落实。围绕中心服务大局，坚持以高质量立法推动高质量发展。

　　全年共制定、修改法规二十余件，深化经济特区立法与设区的市立法“双轨”并行，积极推进先行先试和改革创新，在科技创新、现代化产业体系、城市治理、民生保障、生态文明等重点领域加强立法，为深圳建设中国特色社会主义先行示范区提供坚实法治保障。依法加强监督，推动法律法规有效实施和“一府一委两院”依法履职。常委会听取审议国民经济和社会发展计划执行情况、预算执行情况、审计工作等报告，组织开展执法检查，开展专题询问和专题调研，切实增强监督刚性和实效。

　　尊重人民主体地位，充分发挥人大代表作用。完善代表联系人民群众制度，依托代表之家、代表联络站开展活动，认真办理代表议案建议，推动解决群众急难愁盼问题。加强自身建设，努力打造让党放心、让人民满意的政治机关、权力机关、工作机关、代表机关。

　　各位代表，过去一年成绩的取得，是以习近平同志为核心的党中央坚强领导的结果，是习近平新时代中国特色社会主义思想科学指引的结果，是市委正确领导的结果，是全体人大代表、常委会组成人员和全市人民共同努力的结果。在肯定成绩的同时，我们也清醒认识到，工作中还存在一些不足：立法的精准性和时效性还需提高，监督的针对性和实效性还需增强，代表工作的广度和深度还需拓展，自身建设还有待加强。我们将认真研究改进。

　　今年主要任务。2026年是“十五五”规划开局之年，也是深圳经济特区建立四十六周年。市人大常委会工作的总体要求是：坚持以习近平新时代中国特色社会主义思想为指导，全面贯彻党的二十大和二十届历次全会精神，深入学习贯彻习近平总书记关于坚持和完善人民代表大会制度的重要思想，坚持党的领导、人民当家作主、依法治国有机统一，紧紧围绕市委工作部署，依法履行职责，为深圳加快建设更具全球影响力的经济中心城市和现代化国际大都市作出新的更大贡献。

　　各位代表，新时代新征程，人大工作使命光荣、责任重大。让我们更加紧密地团结在以习近平同志为核心的党中央周围，在市委坚强领导下，坚定信心、勇毅前行，奋力开创深圳人大工作新局面。各位代表：现在，我受深圳市人民代表大会常务委员会委托，向大会报告工作，请予审议。

　　过去一年的主要工作。2025年是高质量完成“十四五”规划目标任务、谋划“十五五”发展的关键之年。一年来，市人大常委会坚持以习近平新时代中国特色社会主义思想为指导，全面贯彻党的二十大和二十届历次全会精神，深入学习贯彻习近平总书记对广东、深圳系列重要讲话和重要指示精神，在市委坚强领导下，在全国人大常委会和省人大常委会有力指导下，紧紧围绕“加快建设更具全球影响力的经济中心城市和现代化国际大都市”目标，依法履行宪法法律赋予的职责，坚持党的领导、人民当家作主、依法治国有机统一，全面发展全过程人民民主，扎实推进立法、监督、代表等各项工作，为深圳在新征程上勇当尖兵、再立新功作出了人大贡献。

　　坚持党的全面领导，确保人大工作正确政治方向。常委会党组认真落实第一议题制度，及时传达学习习近平总书记重要讲话和重要指示精神，把党的领导贯穿人大工作全过程各方面。严格执行向市委请示报告制度，重大事项、重要工作、重要立法及时向市委请示报告，确保市委决策部署在人大工作中得到不折不扣贯彻落实。

　　围绕中心服务大局，坚持以高质量立法推动高质量发展。全年共制定、修改法规二十余件，深化经济特区立法与设区的市立法“双轨”并行，积极推进先行先试和改革创新，在科技创新、现代化产业体系、城市治理、民生保障、生态文明等重点领域加强立法，为深圳建设中国特色社会主义先行示范区提供坚实法治保障。依法加强监督，推动法律法规有效实施和“一府一委两院”依法履职。

　　常委会听取审议国民经济和社会发展计划执行情况、预算执行情况、审计工作等报告，组织开展执法检查，开展专题询问和专题调研，切实增强监督刚性和实效。尊重人民主体地位，充分发挥人大代表作用。完善代表联系人民群众制度，依托代表之家、代表联络站开展活动，认真办理代表议案建议，推动解决群众急难愁盼问题。

　　加强自身建设，努力打造让党放心、让人民满意的政治机关、权力机关、工作机关、代表机关。各位代表，过去一年成绩的取得，是以习近平同志为核心的党中央坚强领导的结果，是习近平新时代中国特色社会主义思想科学指引的结果，是市委正确领导的结果，是全体人大代表、常委会组成人员和全市人民共同努力的结果。在肯定成绩的同时，我们也清醒认识到，工作中还存在一些不足：立法的精准性和时效性还需提高，监督的针对性和实效性还需增强，代表工作的广度和深度还需拓展，自身建设还有待加强。

　　我们将认真研究改进。今年主要任务。2026年是“十五五”规划开局之年，也是深圳经济特区建立四十六周年。

　　市人大常委会工作的总体要求是：坚持以习近平新时代中国特色社会主义思想为指导，全面贯彻党的二十大和二十届历次全会精神，深入学习贯彻习近平总书记关于坚持和完善人民代表大会制度的重要思想，坚持党的领导、人民当家作主、依法治国有机统一，紧紧围绕市委工作部署，依法履行职责，为深圳加快建设更具全球影响力的经济中心城市和现代化国际大都市作出新的更大贡献。各位代表，新时代新征程，人大工作使命光荣、责任重大。让我们更加紧密地团结在以习近平同志为核心的党中央周围，在市委坚强领导下，坚定信心、勇毅前行，奋力开创深圳人大工作新局面。

　　各位代表：现在，我受深圳市人民代表大会常务委员会委托，向大会报告工作，请予审议。过去一年的主要工作。2025年是高质量完成“十四五”规划目标任务、谋划“十五五”发展的关键之年。

　　一年来，市人大常委会坚持以习近平新时代中国特色社会主义思想为指导，全面贯彻党的二十大和二十届历次全会精神，深入学习贯彻习近平总书记对广东、深圳系列重要讲话和重要指示精神，在市委坚强领导下，在全国人大常委会和省人大常委会有力指导下，紧紧围绕“加快建设更具全球影响力的经济中心城市和现代化国际大都市”目标，依法履行宪法法律赋予的职责，坚持党的领导、人民当家作主、依法治国有机统一，全面发展全过程人民民主，扎实推进立法、监督、代表等各项工作，为深圳在新征程上勇当尖兵、再立新功作出了人大贡献。坚持党的全面领导，确保人大工作正确政治方向。常委会党组认真落实第一议题制度，及时传达学习习近平总书记重要讲话和重要指示精神，把党的领导贯穿人大工作全过程各方面。

　　严格执行向市委请示报告制度，重大事项、重要工作、重要立法及时向市委请示报告，确保市委决策部署在人大工作中得到不折不扣贯彻落实。围绕中心服务大局，坚持以高质量立法推动高质量发展。全年共制定、修改法规二十余件，深化经济特区立法与设区的市立法“双轨”并行，积极推进先行先试和改革创新，在科技创新、现代化产业体系、城市治理、民生保障、生态文明等重点领域加强立法，为深圳建设中国特色社会主义先行示范区提供坚实法治保障。

　　依法加强监督，推动法律法规有效实施和“一府一委两院”依法履职。常委会听取审议国民经济和社会发展计划执行情况、预算执行情况、审计工作等报告，组织开展执法检查，开展专题询问和专题调研，切实增强监督刚性和实效。尊重人民主体地位，充分发挥人大代表作用。

　　完善代表联系人民群众制度，依托代表之家、代表联络站开展活动，认真办理代表议案建议，推动解决群众急难愁盼问题。加强自身建设，努力打造让党放心、让人民满意的政治机关、权力机关、工作机关、代表机关。各位代表，过去一年成绩的取得，是以习近平同志为核心的党中央坚强领导的结果，是习近平新时代中国特色社会主义思想科学指引的结果，是市委正确领导的结果，是全体人大代表、常委会组成人员和全市人民共同努力的结果。

　　在肯定成绩的同时，我们也清醒认识到，工作中还存在一些不足：立法的精准性和时效性还需提高，监督的针对性和实效性还需增强，代表工作的广度和深度还需拓展，自身建设还有待加强。我们将认真研究改进。今年主要任务。

　　2026年是“十五五”规划开局之年，也是深圳经济特区建立四十六周年。市人大常委会工作的总体要求是：坚持以习近平新时代中国特色社会主义思想为指导，全面贯彻党的二十大和二十届历次全会精神，深入学习贯彻习近平总书记关于坚持和完善人民代表大会制度的重要思想，坚持党的领导、人民当家作主、依法治国有机统一，紧紧围绕市委工作部署，依法履行职责，为深圳加快建设更具全球影响力的经济中心城市和现代化国际大都市作出新的更大贡献。各位代表，新时代新征程，人大工作使命光荣、责任重大。

　　让我们更加紧密地团结在以习近平同志为核心的党中央周围，在市委坚强领导下，坚定信心、勇毅前行，奋力开创深圳人大工作新局面。各位代表：现在，我受深圳市人民代表大会常务委员会委托，向大会报告工作，请予审议。过去一年的主要工作。

　　2025年是高质量完成“十四五”规划目标任务、谋划“十五五”发展的关键之年。一年来，市人大常委会坚持以习近平新时代中国特色社会主义思想为指导，全面贯彻党的二十大和二十届历次全会精神，深入学习贯彻习近平总书记对广东、深圳系列重要讲话和重要指示精神，在市委坚强领导下，在全国人大常委会和省人大常委会有力指导下，紧紧围绕“加快建设更具全球影响力的经济中心城市和现代化国际大都市”目标，依法履行宪法法律赋予的职责，坚持党的领导、人民当家作主、依法治国有机统一，全面发展全过程人民民主，扎实推进立法、监督、代表等各项工作，为深圳在新征程上勇当尖兵、再立新功作出了人大贡献。坚持党的全面领导，确保人大工作正确政治方向。

　　常委会党组认真落实第一议题制度，及时传达学习习近平总书记重要讲话和重要指示精神，把党的领导贯穿人大工作全过程各方面。严格执行向市委请示报告制度，重大事项、重要工作、重要立法及时向市委请示报告，确保市委决策部署在人大工作中得到不折不扣贯彻落实。围绕中心服务大局，坚持以高质量立法推动高质量发展。

　　全年共制定、修改法规二十余件，深化经济特区立法与设区的市立法“双轨”并行，积极推进先行先试和改革创新，在科技创新、现代化产业体系、城市治理、民生保障、生态文明等重点领域加强立法，为深圳建设中国特色社会主义先行示范区提供坚实法治保障。依法加强监督，推动法律法规有效实施和“一府一委两院”依法履职。常委会听取审议国民经济和社会发展计划执行情况、预算执行情况、审计工作等报告，组织开展执法检查，开展专题询问和专题调研，切实增强监督刚性和实效。

　　尊重人民主体地位，充分发挥人大代表作用。完善代表联系人民群众制度，依托代表之家、代表联络站开展活动，认真办理代表议案建议，推动解决群众急难愁盼问题。加强自身建设，努力打造让党放心、让人民满意的政治机关、权力机关、工作机关、代表机关。

　　各位代表，过去一年成绩的取得，是以习近平同志为核心的党中央坚强领导的结果，是习近平新时代中国特色社会主义思想科学指引的结果，是市委正确领导的结果，是全体人大代表、常委会组成人员和全市人民共同努力的结果。在肯定成绩的同时，我们也清醒认识到，工作中还存在一些不足：立法的精准性和时效性还需提高，监督的针对性和实效性还需增强，代表工作的广度和深度还需拓展，自身建设还有待加强。我们将认真研究改进。

　　今年主要任务。2026年是“十五五”规划开局之年，也是深圳经济特区建立四十六周年。市人大常委会工作的总体要求是：坚持以习近平新时代中国特色社会主义思想为指导，全面贯彻党的二十大和二十届历次全会精神，深入学习贯彻习近平总书记关于坚持和完善人民代表大会制度的重要思想，坚持党的领导、人民当家作主、依法治国有机统一，紧紧围绕市委工作部署，依法履行职责，为深圳加快建设更具全球影响力的经济中心城市和现代化国际大都市作出新的更大贡献。

　　各位代表，新时代新征程，人大工作使命光荣、责任重大。让我们更加紧密地团结在以习近平同志为核心的党中央周围，在市委坚强领导下，坚定信心、勇毅前行，奋力开创深圳人大工作新局面。各位代表：现在，我受深圳市人民代表大会常务委员会委托，向大会报告工作，请予审议。

　　过去一年的主要工作。2025年是高质量完成“十四五”规划目标任务、谋划“十五五”发展的关键之年。一年来，市人大常委会坚持以习近平新时代中国特色社会主义思想为指导，全面贯彻党的二十大和二十届历次全会精神，深入学习贯彻习近平总书记对广东、深圳系列重要讲话和重要指示精神，在市委坚强领导下，在全国人大常委会和省人大常委会有力指导下，紧紧围绕“加快建设更具全球影响力的经济中心城市和现代化国际大都市”目标，依法履行宪法法律赋予的职责，坚持党的领导、人民当家作主、依法治国有机统一，全面发展全过程人民民主，扎实推进立法、监督、代表等各项工作，为深圳在新征程上勇当尖兵、再立新功作出了人大贡献。

　　坚持党的全面领导，确保人大工作正确政治方向。常委会党组认真落实第一议题制度，及时传达学习习近平总书记重要讲话和重要指示精神，把党的领导贯穿人大工作全过程各方面。严格执行向市委请示报告制度，重大事项、重要工作、重要立法及时向市委请示报告，确保市委决策部署在人大工作中得到不折不扣贯彻落实。

　　围绕中心服务大局，坚持以高质量立法推动高质量发展。全年共制定、修改法规二十余件，深化经济特区立法与设区的市立法“双轨”并行，积极推进先行先试和改革创新，在科技创新、现代化产业体系、城市治理、民生保障、生态文明等重点领域加强立法，为深圳建设中国特色社会主义先行示范区提供坚实法治保障。依法加强监督，推动法律法规有效实施和“一府一委两院”依法履职。

　　常委会听取审议国民经济和社会发展计划执行情况、预算执行情况、审计工作等报告，组织开展执法检查，开展专题询问和专题调研，切实增强监督刚性和实效。尊重人民主体地位，充分发挥人大代表作用。完善代表联系人民群众制度，依托代表之家、代表联络站开展活动，认真办理代表议案建议，推动解决群众急难愁盼问题。

　　加强自身建设，努力打造让党放心、让人民满意的政治机关、权力机关、工作机关、代表机关。各位代表，过去一年成绩的取得，是以习近平同志为核心的党中央坚强领导的结果，是习近平新时代中国特色社会主义思想科学指引的结果，是市委正确领导的结果，是全体人大代表、常委会组成人员和全市人民共同努力的结果。在肯定成绩的同时，我们也清醒认识到，工作中还存在一些不足：立法的精准性和时效性还需提高，监督的针对性和实效性还需增强，代表工作的广度和深度还需拓展，自身建设还有待加强。

　　我们将认真研究改进。今年主要任务。2026年是“十五五”规划开局之年，也是深圳经济特区建立四十六周年。

　　市人大常委会工作的总体要求是：坚持以习近平新时代中国特色社会主义思想为指导，全面贯彻党的二十大和二十届历次全会精神，深入学习贯彻习近平总书记关于坚持和完善人民代表大会制度的重要思想，坚持党的领导、人民当家作主、依法治国有机统一，紧紧围绕市委工作部署，依法履行职责，为深圳加快建设更具全球影响力的经济中心城市和现代化国际大都市作出新的更大贡献。各位代表，新时代新征程，人大工作使命光荣、责任重大。让我们更加紧密地团结在以习近平同志为核心的党中央周围，在市委坚强领导下，坚定信心、勇毅前行，奋力开创深圳人大工作新局面。

　　各位代表：现在，我受深圳市人民代表大会常务委员会委托，向大会报告工作，请予审议。过去一年的主要工作。2025年是高质量完成“十四五”规划目标任务、谋划“十五五”发展的关键之年。

　　一年来，市人大常委会坚持以习近平新时代中国特色社会主义思想为指导，全面贯彻党的二十大和二十届历次全会精神，深入学习贯彻习近平总书记对广东、深圳系列重要讲话和重要指示精神，在市委坚强领导下，在全国人大常委会和省人大常委会有力指导下，紧紧围绕“加快建设更具全球影响力的经济中心城市和现代化国际大都市”目标，依法履行宪法法律赋予的职责，坚持党的领导、人民当家作主、依法治国有机统一，全面发展全过程人民民主，扎实推进立法、监督、代表等各项工作，为深圳在新征程上勇当尖兵、再立新功作出了人大贡献。坚持党的全面领导，确保人大工作正确政治方向。常委会党组认真落实第一议题制度，及时传达学习习近平总书记重要讲话和重要指示精神，把党的领导贯穿人大工作全过程各方面。

五、深化市人大常委会自身建设

　　严格执行向市委请示报告制度，重大事项、重要工作、重要立法及时向市委请示报告，确保市委决策部署在人大工作中得到不折不扣贯彻落实。围绕中心服务大局，坚持以高质量立法推动高质量发展。全年共制定、修改法规二十余件，深化经济特区立法与设区的市立法“双轨”并行，积极推进先行先试和改革创新，在科技创新、现代化产业体系、城市治理、民生保障、生态文明等重点领域加强立法，为深圳建设中国特色社会主义先行示范区提供坚实法治保障。

　　依法加强监督，推动法律法规有效实施和“一府一委两院”依法履职。常委会听取审议国民经济和社会发展计划执行情况、预算执行情况、审计工作等报告，组织开展执法检查，开展专题询问和专题调研，切实增强监督刚性和实效。尊重人民主体地位，充分发挥人大代表作用。

　　完善代表联系人民群众制度，依托代表之家、代表联络站开展活动，认真办理代表议案建议，推动解决群众急难愁盼问题。加强自身建设，努力打造让党放心、让人民满意的政治机关、权力机关、工作机关、代表机关。各位代表，过去一年成绩的取得，是以习近平同志为核心的党中央坚强领导的结果，是习近平新时代中国特色社会主义思想科学指引的结果，是市委正确领导的结果，是全体人大代表、常委会组成人员和全市人民共同努力的结果。

　　在肯定成绩的同时，我们也清醒认识到，工作中还存在一些不足：立法的精准性和时效性还需提高，监督的针对性和实效性还需增强，代表工作的广度和深度还需拓展，自身建设还有待加强。我们将认真研究改进。今年主要任务。

　　2026年是“十五五”规划开局之年，也是深圳经济特区建立四十六周年。市人大常委会工作的总体要求是：坚持以习近平新时代中国特色社会主义思想为指导，全面贯彻党的二十大和二十届历次全会精神，深入学习贯彻习近平总书记关于坚持和完善人民代表大会制度的重要思想，坚持党的领导、人民当家作主、依法治国有机统一，紧紧围绕市委工作部署，依法履行职责，为深圳加快建设更具全球影响力的经济中心城市和现代化国际大都市作出新的更大贡献。各位代表，新时代新征程，人大工作使命光荣、责任重大。

　　让我们更加紧密地团结在以习近平同志为核心的党中央周围，在市委坚强领导下，坚定信心、勇毅前行，奋力开创深圳人大工作新局面。各位代表：现在，我受深圳市人民代表大会常务委员会委托，向大会报告工作，请予审议。过去一年的主要工作。

　　2025年是高质量完成“十四五”规划目标任务、谋划“十五五”发展的关键之年。一年来，市人大常委会坚持以习近平新时代中国特色社会主义思想为指导，全面贯彻党的二十大和二十届历次全会精神，深入学习贯彻习近平总书记对广东、深圳系列重要讲话和重要指示精神，在市委坚强领导下，在全国人大常委会和省人大常委会有力指导下，紧紧围绕“加快建设更具全球影响力的经济中心城市和现代化国际大都市”目标，依法履行宪法法律赋予的职责，坚持党的领导、人民当家作主、依法治国有机统一，全面发展全过程人民民主，扎实推进立法、监督、代表等各项工作，为深圳在新征程上勇当尖兵、再立新功作出了人大贡献。坚持党的全面领导，确保人大工作正确政治方向。

　　常委会党组认真落实第一议题制度，及时传达学习习近平总书记重要讲话和重要指示精神，把党的领导贯穿人大工作全过程各方面。严格执行向市委请示报告制度，重大事项、重要工作、重要立法及时向市委请示报告，确保市委决策部署在人大工作中得到不折不扣贯彻落实。围绕中心服务大局，坚持以高质量立法推动高质量发展。

　　全年共制定、修改法规二十余件，深化经济特区立法与设区的市立法“双轨”并行，积极推进先行先试和改革创新，在科技创新、现代化产业体系、城市治理、民生保障、生态文明等重点领域加强立法，为深圳建设中国特色社会主义先行示范区提供坚实法治保障。依法加强监督，推动法律法规有效实施和“一府一委两院”依法履职。常委会听取审议国民经济和社会发展计划执行情况、预算执行情况、审计工作等报告，组织开展执法检查，开展专题询问和专题调研，切实增强监督刚性和实效。

　　尊重人民主体地位，充分发挥人大代表作用。完善代表联系人民群众制度，依托代表之家、代表联络站开展活动，认真办理代表议案建议，推动解决群众急难愁盼问题。加强自身建设，努力打造让党放心、让人民满意的政治机关、权力机关、工作机关、代表机关。

　　各位代表，过去一年成绩的取得，是以习近平同志为核心的党中央坚强领导的结果，是习近平新时代中国特色社会主义思想科学指引的结果，是市委正确领导的结果，是全体人大代表、常委会组成人员和全市人民共同努力的结果。在肯定成绩的同时，我们也清醒认识到，工作中还存在一些不足：立法的精准性和时效性还需提高，监督的针对性和实效性还需增强，代表工作的广度和深度还需拓展，自身建设还有待加强。我们将认真研究改进。

　　今年主要任务。2026年是“十五五”规划开局之年，也是深圳经济特区建立四十六周年。市人大常委会工作的总体要求是：坚持以习近平新时代中国特色社会主义思想为指导，全面贯彻党的二十大和二十届历次全会精神，深入学习贯彻习近平总书记关于坚持和完善人民代表大会制度的重要思想，坚持党的领导、人民当家作主、依法治国有机统一，紧紧围绕市委工作部署，依法履行职责，为深圳加快建设更具全球影响力的经济中心城市和现代化国际大都市作出新的更大贡献。

　　各位代表，新时代新征程，人大工作使命光荣、责任重大。让我们更加紧密地团结在以习近平同志为核心的党中央周围，在市委坚强领导下，坚定信心、勇毅前行，奋力开创深圳人大工作新局面。各位代表：现在，我受深圳市人民代表大会常务委员会委托，向大会报告工作，请予审议。

　　过去一年的主要工作。2025年是高质量完成“十四五”规划目标任务、谋划“十五五”发展的关键之年。一年来，市人大常委会坚持以习近平新时代中国特色社会主义思想为指导，全面贯彻党的二十大和二十届历次全会精神，深入学习贯彻习近平总书记对广东、深圳系列重要讲话和重要指示精神，在市委坚强领导下，在全国人大常委会和省人大常委会有力指导下，紧紧围绕“加快建设更具全球影响力的经济中心城市和现代化国际大都市”目标，依法履行宪法法律赋予的职责，坚持党的领导、人民当家作主、依法治国有机统一，全面发展全过程人民民主，扎实推进立法、监督、代表等各项工作，为深圳在新征程上勇当尖兵、再立新功作出了人大贡献。

　　坚持党的全面领导，确保人大工作正确政治方向。常委会党组认真落实第一议题制度，及时传达学习习近平总书记重要讲话和重要指示精神，把党的领导贯穿人大工作全过程各方面。严格执行向市委请示报告制度，重大事项、重要工作、重要立法及时向市委请示报告，确保市委决策部署在人大工作中得到不折不扣贯彻落实。

　　围绕中心服务大局，坚持以高质量立法推动高质量发展。全年共制定、修改法规二十余件，深化经济特区立法与设区的市立法“双轨”并行，积极推进先行先试和改革创新，在科技创新、现代化产业体系、城市治理、民生保障、生态文明等重点领域加强立法，为深圳建设中国特色社会主义先行示范区提供坚实法治保障。依法加强监督，推动法律法规有效实施和“一府一委两院”依法履职。

　　常委会听取审议国民经济和社会发展计划执行情况、预算执行情况、审计工作等报告，组织开展执法检查，开展专题询问和专题调研，切实增强监督刚性和实效。尊重人民主体地位，充分发挥人大代表作用。完善代表联系人民群众制度，依托代表之家、代表联络站开展活动，认真办理代表议案建议，推动解决群众急难愁盼问题。

　　加强自身建设，努力打造让党放心、让人民满意的政治机关、权力机关、工作机关、代表机关。各位代表，过去一年成绩的取得，是以习近平同志为核心的党中央坚强领导的结果，是习近平新时代中国特色社会主义思想科学指引的结果，是市委正确领导的结果，是全体人大代表、常委会组成人员和全市人民共同努力的结果。在肯定成绩的同时，我们也清醒认识到，工作中还存在一些不足：立法的精准性和时效性还需提高，监督的针对性和实效性还需增强，代表工作的广度和深度还需拓展，自身建设还有待加强。

　　我们将认真研究改进。今年主要任务。2026年是“十五五”规划开局之年，也是深圳经济特区建立四十六周年。

　　市人大常委会工作的总体要求是：坚持以习近平新时代中国特色社会主义思想为指导，全面贯彻党的二十大和二十届历次全会精神，深入学习贯彻习近平总书记关于坚持和完善人民代表大会制度的重要思想，坚持党的领导、人民当家作主、依法治国有机统一，紧紧围绕市委工作部署，依法履行职责，为深圳加快建设更具全球影响力的经济中心城市和现代化国际大都市作出新的更大贡献。各位代表，新时代新征程，人大工作使命光荣、责任重大。让我们更加紧密地团结在以习近平同志为核心的党中央周围，在市委坚强领导下，坚定信心、勇毅前行，奋力开创深圳人大工作新局面。

　　各位代表：现在，我受深圳市人民代表大会常务委员会委托，向大会报告工作，请予审议。过去一年的主要工作。2025年是高质量完成“十四五”规划目标任务、谋划“十五五”发展的关键之年。

　　一年来，市人大常委会坚持以习近平新时代中国特色社会主义思想为指导，全面贯彻党的二十大和二十届历次全会精神，深入学习贯彻习近平总书记对广东、深圳系列重要讲话和重要指示精神，在市委坚强领导下，在全国人大常委会和省人大常委会有力指导下，紧紧围绕“加快建设更具全球影响力的经济中心城市和现代化国际大都市”目标，依法履行宪法法律赋予的职责，坚持党的领导、人民当家作主、依法治国有机统一，全面发展全过程人民民主，扎实推进立法、监督、代表等各项工作，为深圳在新征程上勇当尖兵、再立新功作出了人大贡献。坚持党的全面领导，确保人大工作正确政治方向。常委会党组认真落实第一议题制度，及时传达学习习近平总书记重要讲话和重要指示精神，把党的领导贯穿人大工作全过程各方面。

　　严格执行向市委请示报告制度，重大事项、重要工作、重要立法及时向市委请示报告，确保市委决策部署在人大工作中得到不折不扣贯彻落实。围绕中心服务大局，坚持以高质量立法推动高质量发展。全年共制定、修改法规二十余件，深化经济特区立法与设区的市立法“双轨”并行，积极推进先行先试和改革创新，在科技创新、现代化产业体系、城市治理、民生保障、生态文明等重点领域加强立法，为深圳建设中国特色社会主义先行示范区提供坚实法治保障。

　　依法加强监督，推动法律法规有效实施和“一府一委两院”依法履职。常委会听取审议国民经济和社会发展计划执行情况、预算执行情况、审计工作等报告，组织开展执法检查，开展专题询问和专题调研，切实增强监督刚性和实效。尊重人民主体地位，充分发挥人大代表作用。

　　完善代表联系人民群众制度，依托代表之家、代表联络站开展活动，认真办理代表议案建议，推动解决群众急难愁盼问题。加强自身建设，努力打造让党放心、让人民满意的政治机关、权力机关、工作机关、代表机关。各位代表，过去一年成绩的取得，是以习近平同志为核心的党中央坚强领导的结果，是习近平新时代中国特色社会主义思想科学指引的结果，是市委正确领导的结果，是全体人大代表、常委会组成人员和全市人民共同努力的结果。

　　在肯定成绩的同时，我们也清醒认识到，工作中还存在一些不足：立法的精准性和时效性还需提高，监督的针对性和实效性还需增强，代表工作的广度和深度还需拓展，自身建设还有待加强。我们将认真研究改进。今年主要任务。

　　2026年是“十五五”规划开局之年，也是深圳经济特区建立四十六周年。市人大常委会工作的总体要求是：坚持以习近平新时代中国特色社会主义思想为指导，全面贯彻党的二十大和二十届历次全会精神，深入学习贯彻习近平总书记关于坚持和完善人民代表大会制度的重要思想，坚持党的领导、人民当家作主、依法治国有机统一，紧紧围绕市委工作部署，依法履行职责，为深圳加快建设更具全球影响力的经济中心城市和现代化国际大都市作出新的更大贡献。各位代表，新时代新征程，人大工作使命光荣、责任重大。

　　让我们更加紧密地团结在以习近平同志为核心的党中央周围，在市委坚强领导下，坚定信心、勇毅前行，奋力开创深圳人大工作新局面。各位代表：现在，我受深圳市人民代表大会常务委员会委托，向大会报告工作，请予审议。过去一年的主要工作。

　　2025年是高质量完成“十四五”规划目标任务、谋划“十五五”发展的关键之年。一年来，市人大常委会坚持以习近平新时代中国特色社会主义思想为指导，全面贯彻党的二十大和二十届历次全会精神，深入学习贯彻习近平总书记对广东、深圳系列重要讲话和重要指示精神，在市委坚强领导下，在全国人大常委会和省人大常委会有力指导下，紧紧围绕“加快建设更具全球影响力的经济中心城市和现代化国际大都市”目标，依法履行宪法法律赋予的职责，坚持党的领导、人民当家作主、依法治国有机统一，全面发展全过程人民民主，扎实推进立法、监督、代表等各项工作，为深圳在新征程上勇当尖兵、再立新功作出了人大贡献。坚持党的全面领导，确保人大工作正确政治方向。

　　常委会党组认真落实第一议题制度，及时传达学习习近平总书记重要讲话和重要指示精神，把党的领导贯穿人大工作全过程各方面。严格执行向市委请示报告制度，重大事项、重要工作、重要立法及时向市委请示报告，确保市委决策部署在人大工作中得到不折不扣贯彻落实。围绕中心服务大局，坚持以高质量立法推动高质量发展。

　　全年共制定、修改法规二十余件，深化经济特区立法与设区的市立法“双轨”并行，积极推进先行先试和改革创新，在科技创新、现代化产业体系、城市治理、民生保障、生态文明等重点领域加强立法，为深圳建设中国特色社会主义先行示范区提供坚实法治保障。依法加强监督，推动法律法规有效实施和“一府一委两院”依法履职。常委会听取审议国民经济和社会发展计划执行情况、预算执行情况、审计工作等报告，组织开展执法检查，开展专题询问和专题调研，切实增强监督刚性和实效。

　　尊重人民主体地位，充分发挥人大代表作用。完善代表联系人民群众制度，依托代表之家、代表联络站开展活动，认真办理代表议案建议，推动解决群众急难愁盼问题。加强自身建设，努力打造让党放心、让人民满意的政治机关、权力机关、工作机关、代表机关。

　　各位代表，过去一年成绩的取得，是以习近平同志为核心的党中央坚强领导的结果，是习近平新时代中国特色社会主义思想科学指引的结果，是市委正确领导的结果，是全体人大代表、常委会组成人员和全市人民共同努力的结果。在肯定成绩的同时，我们也清醒认识到，工作中还存在一些不足：立法的精准性和时效性还需提高，监督的针对性和实效性还需增强，代表工作的广度和深度还需拓展，自身建设还有待加强。我们将认真研究改进。

　　今年主要任务。2026年是“十五五”规划开局之年，也是深圳经济特区建立四十六周年。市人大常委会工作的总体要求是：坚持以习近平新时代中国特色社会主义思想为指导，全面贯彻党的二十大和二十届历次全会精神，深入学习贯彻习近平总书记关于坚持和完善人民代表大会制度的重要思想，坚持党的领导、人民当家作主、依法治国有机统一，紧紧围绕市委工作部署，依法履行职责，为深圳加快建设更具全球影响力的经济中心城市和现代化国际大都市作出新的更大贡献。

　　各位代表，新时代新征程，人大工作使命光荣、责任重大。让我们更加紧密地团结在以习近平同志为核心的党中央周围，在市委坚强领导下，坚定信心、勇毅前行，奋力开创深圳人大工作新局面。各位代表：现在，我受深圳市人民代表大会常务委员会委托，向大会报告工作，请予审议。

　　过去一年的主要工作。2025年是高质量完成“十四五”规划目标任务、谋划“十五五”发展的关键之年。一年来，市人大常委会坚持以习近平新时代中国特色社会主义思想为指导，全面贯彻党的二十大和二十届历次全会精神，深入学习贯彻习近平总书记对广东、深圳系列重要讲话和重要指示精神，在市委坚强领导下，在全国人大常委会和省人大常委会有力指导下，紧紧围绕“加快建设更具全球影响力的经济中心城市和现代化国际大都市”目标，依法履行宪法法律赋予的职责，坚持党的领导、人民当家作主、依法治国有机统一，全面发展全过程人民民主，扎实推进立法、监督、代表等各项工作，为深圳在新征程上勇当尖兵、再立新功作出了人大贡献。

　　坚持党的全面领导，确保人大工作正确政治方向。常委会党组认真落实第一议题制度，及时传达学习习近平总书记重要讲话和重要指示精神，把党的领导贯穿人大工作全过程各方面。严格执行向市委请示报告制度，重大事项、重要工作、重要立法及时向市委请示报告，确保市委决策部署在人大工作中得到不折不扣贯彻落实。

　　围绕中心服务大局，坚持以高质量立法推动高质量发展。全年共制定、修改法规二十余件，深化经济特区立法与设区的市立法“双轨”并行，积极推进先行先试和改革创新，在科技创新、现代化产业体系、城市治理、民生保障、生态文明等重点领域加强立法，为深圳建设中国特色社会主义先行示范区提供坚实法治保障。依法加强监督，推动法律法规有效实施和“一府一委两院”依法履职。

　　常委会听取审议国民经济和社会发展计划执行情况、预算执行情况、审计工作等报告，组织开展执法检查，开展专题询问和专题调研，切实增强监督刚性和实效。尊重人民主体地位，充分发挥人大代表作用。完善代表联系人民群众制度，依托代表之家、代表联络站开展活动，认真办理代表议案建议，推动解决群众急难愁盼问题。

　　加强自身建设，努力打造让党放心、让人民满意的政治机关、权力机关、工作机关、代表机关。各位代表，过去一年成绩的取得，是以习近平同志为核心的党中央坚强领导的结果，是习近平新时代中国特色社会主义思想科学指引的结果，是市委正确领导的结果，是全体人大代表、常委会组成人员和全市人民共同努力的结果。在肯定成绩的同时，我们也清醒认识到，工作中还存在一些不足：立法的精准性和时效性还需提高，监督的针对性和实效性还需增强，代表工作的广度和深度还需拓展，自身建设还有待加强。

　　我们将认真研究改进。今年主要任务。2026年是“十五五”规划开局之年，也是深圳经济特区建立四十六周年。

　　市人大常委会工作的总体要求是：坚持以习近平新时代中国特色社会主义思想为指导，全面贯彻党的二十大和二十届历次全会精神，深入学习贯彻习近平总书记关于坚持和完善人民代表大会制度的重要思想，坚持党的领导、人民当家作主、依法治国有机统一，紧紧围绕市委工作部署，依法履行职责，为深圳加快建设更具全球影响力的经济中心城市和现代化国际大都市作出新的更大贡献。各位代表，新时代新征程，人大工作使命光荣、责任重大。让我们更加紧密地团结在以习近平同志为核心的党中央周围，在市委坚强领导下，坚定信心、勇毅前行，奋力开创深圳人大工作新局面。

　　各位代表：现在，我受深圳市人民代表大会常务委员会委托，向大会报告工作，请予审议。过去一年的主要工作。2025年是高质量完成“十四五”规划目标任务、谋划“十五五”发展的关键之年。

　　一年来，市人大常委会坚持以习近平新时代中国特色社会主义思想为指导，全面贯彻党的二十大和二十届历次全会精神，深入学习贯彻习近平总书记对广东、深圳系列重要讲话和重要指示精神，在市委坚强领导下，在全国人大常委会和省人大常委会有力指导下，紧紧围绕“加快建设更具全球影响力的经济中心城市和现代化国际大都市”目标，依法履行宪法法律赋予的职责，坚持党的领导、人民当家作主、依法治国有机统一，全面发展全过程人民民主，扎实推进立法、监督、代表等各项工作，为深圳在新征程上勇当尖兵、再立新功作出了人大贡献。坚持党的全面领导，确保人大工作正确政治方向。常委会党组认真落实第一议题制度，及时传达学习习近平总书记重要讲话和重要指示精神，把党的领导贯穿人大工作全过程各方面。

　　严格执行向市委请示报告制度，重大事项、重要工作、重要立法及时向市委请示报告，确保市委决策部署在人大工作中得到不折不扣贯彻落实。围绕中心服务大局，坚持以高质量立法推动高质量发展。全年共制定、修改法规二十余件，深化经济特区立法与设区的市立法“双轨”并行，积极推进先行先试和改革创新，在科技创新、现代化产业体系、城市治理、民生保障、生态文明等重点领域加强立法，为深圳建设中国特色社会主义先行示范区提供坚实法治保障。

　　依法加强监督，推动法律法规有效实施和“一府一委两院”依法履职。常委会听取审议国民经济和社会发展计划执行情况、预算执行情况、审计工作等报告，组织开展执法检查，开展专题询问和专题调研，切实增强监督刚性和实效。尊重人民主体地位，充分发挥人大代表作用。

　　完善代表联系人民群众制度，依托代表之家、代表联络站开展活动，认真办理代表议案建议，推动解决群众急难愁盼问题。加强自身建设，努力打造让党放心、让人民满意的政治机关、权力机关、工作机关、代表机关。各位代表，过去一年成绩的取得，是以习近平同志为核心的党中央坚强领导的结果，是习近平新时代中国特色社会主义思想科学指引的结果，是市委正确领导的结果，是全体人大代表、常委会组成人员和全市人民共同努力的结果。

　　在肯定成绩的同时，我们也清醒认识到，工作中还存在一些不足：立法的精准性和时效性还需提高，监督的针对性和实效性还需增强，代表工作的广度和深度还需拓展，自身建设还有待加强。我们将认真研究改进。今年主要任务。

　　2026年是“十五五”规划开局之年，也是深圳经济特区建立四十六周年。市人大常委会工作的总体要求是：坚持以习近平新时代中国特色社会主义思想为指导，全面贯彻党的二十大和二十届历次全会精神，深入学习贯彻习近平总书记关于坚持和完善人民代表大会制度的重要思想，坚持党的领导、人民当家作主、依法治国有机统一，紧紧围绕市委工作部署，依法履行职责，为深圳加快建设更具全球影响力的经济中心城市和现代化国际大都市作出新的更大贡献。各位代表，新时代新征程，人大工作使命光荣、责任重大。

　　让我们更加紧密地团结在以习近平同志为核心的党中央周围，在市委坚强领导下，坚定信心、勇毅前行，奋力开创深圳人大工作新局面。各位代表：现在，我受深圳市人民代表大会常务委员会委托，向大会报告工作，请予审议。过去一年的主要工作。

　　2025年是高质量完成“十四五”规划目标任务、谋划“十五五”发展的关键之年。一年来，市人大常委会坚持以习近平新时代中国特色社会主义思想为指导，全面贯彻党的二十大和二十届历次全会精神，深入学习贯彻习近平总书记对广东、深圳系列重要讲话和重要指示精神，在市委坚强领导下，在全国人大常委会和省人大常委会有力指导下，紧紧围绕“加快建设更具全球影响力的经济中心城市和现代化国际大都市”目标，依法履行宪法法律赋予的职责，坚持党的领导、人民当家作主、依法治国有机统一，全面发展全过程人民民主，扎实推进立法、监督、代表等各项工作，为深圳在新征程上勇当尖兵、再立新功作出了人大贡献。坚持党的全面领导，确保人大工作正确政治方向。

　　常委会党组认真落实第一议题制度，及时传达学习习近平总书记重要讲话和重要指示精神，把党的领导贯穿人大工作全过程各方面。严格执行向市委请示报告制度，重大事项、重要工作、重要立法及时向市委请示报告，确保市委决策部署在人大工作中得到不折不扣贯彻落实。围绕中心服务大局，坚持以高质量立法推动高质量发展。

　　全年共制定、修改法规二十余件，深化经济特区立法与设区的市立法“双轨”并行，积极推进先行先试和改革创新，在科技创新、现代化产业体系、城市治理、民生保障、生态文明等重点领域加强立法，为深圳建设中国特色社会主义先行示范区提供坚实法治保障。依法加强监督，推动法律法规有效实施和“一府一委两院”依法履职。常委会听取审议国民经济和社会发展计划执行情况、预算执行情况、审计工作等报告，组织开展执法检查，开展专题询问和专题调研，切实增强监督刚性和实效。

　　尊重人民主体地位，充分发挥人大代表作用。完善代表联系人民群众制度，依托代表之家、代表联络站开展活动，认真办理代表议案建议，推动解决群众急难愁盼问题。加强自身建设，努力打造让党放心、让人民满意的政治机关、权力机关、工作机关、代表机关。

　　各位代表，过去一年成绩的取得，是以习近平同志为核心的党中央坚强领导的结果，是习近平新时代中国特色社会主义思想科学指引的结果，是市委正确领导的结果，是全体人大代表、常委会组成人员和全市人民共同努力的结果。在肯定成绩的同时，我们也清醒认识到，工作中还存在一些不足：立法的精准性和时效性还需提高，监督的针对性和实效性还需增强，代表工作的广度和深度还需拓展，自身建设还有待加强。我们将认真研究改进。

　　今年主要任务。2026年是“十五五”规划开局之年，也是深圳经济特区建立四十六周年。市人大常委会工作的总体要求是：坚持以习近平新时代中国特色社会主义思想为指导，全面贯彻党的二十大和二十届历次全会精神，深入学习贯彻习近平总书记关于坚持和完善人民代表大会制度的重要思想，坚持党的领导、人民当家作主、依法治国有机统一，紧紧围绕市委工作部署，依法履行职责，为深圳加快建设更具全球影响力的经济中心城市和现代化国际大都市作出新的更大贡献。

　　各位代表，新时代新征程，人大工作使命光荣、责任重大。让我们更加紧密地团结在以习近平同志为核心的党中央周围，在市委坚强领导下，坚定信心、勇毅前行，奋力开创深圳人大工作新局面。各位代表：现在，我受深圳市人民代表大会常务委员会委托，向大会报告工作，请予审议。

　　过去一年的主要工作。2025年是高质量完成“十四五”规划目标任务、谋划“十五五”发展的关键之年。一年来，市人大常委会坚持以习近平新时代中国特色社会主义思想为指导，全面贯彻党的二十大和二十届历次全会精神，深入学习贯彻习近平总书记对广东、深圳系列重要讲话和重要指示精神，在市委坚强领导下，在全国人大常委会和省人大常委会有力指导下，紧紧围绕“加快建设更具全球影响力的经济中心城市和现代化国际大都市”目标，依法履行宪法法律赋予的职责，坚持党的领导、人民当家作主、依法治国有机统一，全面发展全过程人民民主，扎实推进立法、监督、代表等各项工作，为深圳在新征程上勇当尖兵、再立新功作出了人大贡献。

　　坚持党的全面领导，确保人大工作正确政治方向。常委会党组认真落实第一议题制度，及时传达学习习近平总书记重要讲话和重要指示精神，把党的领导贯穿人大工作全过程各方面。严格执行向市委请示报告制度，重大事项、重要工作、重要立法及时向市委请示报告，确保市委决策部署在人大工作中得到不折不扣贯彻落实。

　　围绕中心服务大局，坚持以高质量立法推动高质量发展。全年共制定、修改法规二十余件，深化经济特区立法与设区的市立法“双轨”并行，积极推进先行先试和改革创新，在科技创新、现代化产业体系、城市治理、民生保障、生态文明等重点领域加强立法，为深圳建设中国特色社会主义先行示范区提供坚实法治保障。依法加强监督，推动法律法规有效实施和“一府一委两院”依法履职。

今年主要任务

　　常委会听取审议国民经济和社会发展计划执行情况、预算执行情况、审计工作等报告，组织开展执法检查，开展专题询问和专题调研，切实增强监督刚性和实效。尊重人民主体地位，充分发挥人大代表作用。完善代表联系人民群众制度，依托代表之家、代表联络站开展活动，认真办理代表议案建议，推动解决群众急难愁盼问题。

　　加强自身建设，努力打造让党放心、让人民满意的政治机关、权力机关、工作机关、代表机关。各位代表，过去一年成绩的取得，是以习近平同志为核心的党中央坚强领导的结果，是习近平新时代中国特色社会主义思想科学指引的结果，是市委正确领导的结果，是全体人大代表、常委会组成人员和全市人民共同努力的结果。在肯定成绩的同时，我们也清醒认识到，工作中还存在一些不足：立法的精准性和时效性还需提高，监督的针对性和实效性还需增强，代表工作的广度和深度还需拓展，自身建设还有待加强。

　　我们将认真研究改进。今年主要任务。2026年是“十五五”规划开局之年，也是深圳经济特区建立四十六周年。

　　市人大常委会工作的总体要求是：坚持以习近平新时代中国特色社会主义思想为指导，全面贯彻党的二十大和二十届历次全会精神，深入学习贯彻习近平总书记关于坚持和完善人民代表大会制度的重要思想，坚持党的领导、人民当家作主、依法治国有机统一，紧紧围绕市委工作部署，依法履行职责，为深圳加快建设更具全球影响力的经济中心城市和现代化国际大都市作出新的更大贡献。各位代表，新时代新征程，人大工作使命光荣、责任重大。让我们更加紧密地团结在以习近平同志为核心的党中央周围，在市委坚强领导下，坚定信心、勇毅前行，奋力开创深圳人大工作新局面。

　　各位代表：现在，我受深圳市人民代表大会常务委员会委托，向大会报告工作，请予审议。过去一年的主要工作。2025年是高质量完成“十四五”规划目标任务、谋划“十五五”发展的关键之年。

　　一年来，市人大常委会坚持以习近平新时代中国特色社会主义思想为指导，全面贯彻党的二十大和二十届历次全会精神，深入学习贯彻习近平总书记对广东、深圳系列重要讲话和重要指示精神，在市委坚强领导下，在全国人大常委会和省人大常委会有力指导下，紧紧围绕“加快建设更具全球影响力的经济中心城市和现代化国际大都市”目标，依法履行宪法法律赋予的职责，坚持党的领导、人民当家作主、依法治国有机统一，全面发展全过程人民民主，扎实推进立法、监督、代表等各项工作，为深圳在新征程上勇当尖兵、再立新功作出了人大贡献。坚持党的全面领导，确保人大工作正确政治方向。常委会党组认真落实第一议题制度，及时传达学习习近平总书记重要讲话和重要指示精神，把党的领导贯穿人大工作全过程各方面。

　　严格执行向市委请示报告制度，重大事项、重要工作、重要立法及时向市委请示报告，确保市委决策部署在人大工作中得到不折不扣贯彻落实。围绕中心服务大局，坚持以高质量立法推动高质量发展。全年共制定、修改法规二十余件，深化经济特区立法与设区的市立法“双轨”并行，积极推进先行先试和改革创新，在科技创新、现代化产业体系、城市治理、民生保障、生态文明等重点领域加强立法，为深圳建设中国特色社会主义先行示范区提供坚实法治保障。

　　依法加强监督，推动法律法规有效实施和“一府一委两院”依法履职。常委会听取审议国民经济和社会发展计划执行情况、预算执行情况、审计工作等报告，组织开展执法检查，开展专题询问和专题调研，切实增强监督刚性和实效。尊重人民主体地位，充分发挥人大代表作用。

　　完善代表联系人民群众制度，依托代表之家、代表联络站开展活动，认真办理代表议案建议，推动解决群众急难愁盼问题。加强自身建设，努力打造让党放心、让人民满意的政治机关、权力机关、工作机关、代表机关。各位代表，过去一年成绩的取得，是以习近平同志为核心的党中央坚强领导的结果，是习近平新时代中国特色社会主义思想科学指引的结果，是市委正确领导的结果，是全体人大代表、常委会组成人员和全市人民共同努力的结果。

　　在肯定成绩的同时，我们也清醒认识到，工作中还存在一些不足：立法的精准性和时效性还需提高，监督的针对性和实效性还需增强，代表工作的广度和深度还需拓展，自身建设还有待加强。我们将认真研究改进。今年主要任务。

　　2026年是“十五五”规划开局之年，也是深圳经济特区建立四十六周年。市人大常委会工作的总体要求是：坚持以习近平新时代中国特色社会主义思想为指导，全面贯彻党的二十大和二十届历次全会精神，深入学习贯彻习近平总书记关于坚持和完善人民代表大会制度的重要思想，坚持党的领导、人民当家作主、依法治国有机统一，紧紧围绕市委工作部署，依法履行职责，为深圳加快建设更具全球影响力的经济中心城市和现代化国际大都市作出新的更大贡献。各位代表，新时代新征程，人大工作使命光荣、责任重大。

　　让我们更加紧密地团结在以习近平同志为核心的党中央周围，在市委坚强领导下，坚定信心、勇毅前行，奋力开创深圳人大工作新局面。各位代表：现在，我受深圳市人民代表大会常务委员会委托，向大会报告工作，请予审议。过去一年的主要工作。

　　2025年是高质量完成“十四五”规划目标任务、谋划“十五五”发展的关键之年。一年来，市人大常委会坚持以习近平新时代中国特色社会主义思想为指导，全面贯彻党的二十大和二十届历次全会精神，深入学习贯彻习近平总书记对广东、深圳系列重要讲话和重要指示精神，在市委坚强领导下，在全国人大常委会和省人大常委会有力指导下，紧紧围绕“加快建设更具全球影响力的经济中心城市和现代化国际大都市”目标，依法履行宪法法律赋予的职责，坚持党的领导、人民当家作主、依法治国有机统一，全面发展全过程人民民主，扎实推进立法、监督、代表等各项工作，为深圳在新征程上勇当尖兵、再立新功作出了人大贡献。坚持党的全面领导，确保人大工作正确政治方向。

　　常委会党组认真落实第一议题制度，及时传达学习习近平总书记重要讲话和重要指示精神，把党的领导贯穿人大工作全过程各方面。严格执行向市委请示报告制度，重大事项、重要工作、重要立法及时向市委请示报告，确保市委决策部署在人大工作中得到不折不扣贯彻落实。围绕中心服务大局，坚持以高质量立法推动高质量发展。

　　全年共制定、修改法规二十余件，深化经济特区立法与设区的市立法“双轨”并行，积极推进先行先试和改革创新，在科技创新、现代化产业体系、城市治理、民生保障、生态文明等重点领域加强立法，为深圳建设中国特色社会主义先行示范区提供坚实法治保障。依法加强监督，推动法律法规有效实施和“一府一委两院”依法履职。常委会听取审议国民经济和社会发展计划执行情况、预算执行情况、审计工作等报告，组织开展执法检查，开展专题询问和专题调研，切实增强监督刚性和实效。

　　尊重人民主体地位，充分发挥人大代表作用。完善代表联系人民群众制度，依托代表之家、代表联络站开展活动，认真办理代表议案建议，推动解决群众急难愁盼问题。加强自身建设，努力打造让党放心、让人民满意的政治机关、权力机关、工作机关、代表机关。

　　各位代表，过去一年成绩的取得，是以习近平同志为核心的党中央坚强领导的结果，是习近平新时代中国特色社会主义思想科学指引的结果，是市委正确领导的结果，是全体人大代表、常委会组成人员和全市人民共同努力的结果。在肯定成绩的同时，我们也清醒认识到，工作中还存在一些不足：立法的精准性和时效性还需提高，监督的针对性和实效性还需增强，代表工作的广度和深度还需拓展，自身建设还有待加强。我们将认真研究改进。

　　今年主要任务。2026年是“十五五”规划开局之年，也是深圳经济特区建立四十六周年。市人大常委会工作的总体要求是：坚持以习近平新时代中国特色社会主义思想为指导，全面贯彻党的二十大和二十届历次全会精神，深入学习贯彻习近平总书记关于坚持和完善人民代表大会制度的重要思想，坚持党的领导、人民当家作主、依法治国有机统一，紧紧围绕市委工作部署，依法履行职责，为深圳加快建设更具全球影响力的经济中心城市和现代化国际大都市作出新的更大贡献。

　　各位代表，新时代新征程，人大工作使命光荣、责任重大。让我们更加紧密地团结在以习近平同志为核心的党中央周围，在市委坚强领导下，坚定信心、勇毅前行，奋力开创深圳人大工作新局面。各位代表：现在，我受深圳市人民代表大会常务委员会委托，向大会报告工作，请予审议。

　　过去一年的主要工作。2025年是高质量完成“十四五”规划目标任务、谋划“十五五”发展的关键之年。一年来，市人大常委会坚持以习近平新时代中国特色社会主义思想为指导，全面贯彻党的二十大和二十届历次全会精神，深入学习贯彻习近平总书记对广东、深圳系列重要讲话和重要指示精神，在市委坚强领导下，在全国人大常委会和省人大常委会有力指导下，紧紧围绕“加快建设更具全球影响力的经济中心城市和现代化国际大都市”目标，依法履行宪法法律赋予的职责，坚持党的领导、人民当家作主、依法治国有机统一，全面发展全过程人民民主，扎实推进立法、监督、代表等各项工作，为深圳在新征程上勇当尖兵、再立新功作出了人大贡献。

　　坚持党的全面领导，确保人大工作正确政治方向。常委会党组认真落实第一议题制度，及时传达学习习近平总书记重要讲话和重要指示精神，把党的领导贯穿人大工作全过程各方面。严格执行向市委请示报告制度，重大事项、重要工作、重要立法及时向市委请示报告，确保市委决策部署在人大工作中得到不折不扣贯彻落实。

　　围绕中心服务大局，坚持以高质量立法推动高质量发展。全年共制定、修改法规二十余件，深化经济特区立法与设区的市立法“双轨”并行，积极推进先行先试和改革创新，在科技创新、现代化产业体系、城市治理、民生保障、生态文明等重点领域加强立法，为深圳建设中国特色社会主义先行示范区提供坚实法治保障。依法加强监督，推动法律法规有效实施和“一府一委两院”依法履职。

　　常委会听取审议国民经济和社会发展计划执行情况、预算执行情况、审计工作等报告，组织开展执法检查，开展专题询问和专题调研，切实增强监督刚性和实效。尊重人民主体地位，充分发挥人大代表作用。完善代表联系人民群众制度，依托代表之家、代表联络站开展活动，认真办理代表议案建议，推动解决群众急难愁盼问题。

　　加强自身建设，努力打造让党放心、让人民满意的政治机关、权力机关、工作机关、代表机关。各位代表，过去一年成绩的取得，是以习近平同志为核心的党中央坚强领导的结果，是习近平新时代中国特色社会主义思想科学指引的结果，是市委正确领导的结果，是全体人大代表、常委会组成人员和全市人民共同努力的结果。在肯定成绩的同时，我们也清醒认识到，工作中还存在一些不足：立法的精准性和时效性还需提高，监督的针对性和实效性还需增强，代表工作的广度和深度还需拓展，自身建设还有待加强。

　　我们将认真研究改进。今年主要任务。2026年是“十五五”规划开局之年，也是深圳经济特区建立四十六周年。

　　市人大常委会工作的总体要求是：坚持以习近平新时代中国特色社会主义思想为指导，全面贯彻党的二十大和二十届历次全会精神，深入学习贯彻习近平总书记关于坚持和完善人民代表大会制度的重要思想，坚持党的领导、人民当家作主、依法治国有机统一，紧紧围绕市委工作部署，依法履行职责，为深圳加快建设更具全球影响力的经济中心城市和现代化国际大都市作出新的更大贡献。各位代表，新时代新征程，人大工作使命光荣、责任重大。让我们更加紧密地团结在以习近平同志为核心的党中央周围，在市委坚强领导下，坚定信心、勇毅前行，奋力开创深圳人大工作新局面。

　　各位代表：现在，我受深圳市人民代表大会常务委员会委托，向大会报告工作，请予审议。过去一年的主要工作。2025年是高质量完成“十四五”规划目标任务、谋划“十五五”发展的关键之年。

　　一年来，市人大常委会坚持以习近平新时代中国特色社会主义思想为指导，全面贯彻党的二十大和二十届历次全会精神，深入学习贯彻习近平总书记对广东、深圳系列重要讲话和重要指示精神，在市委坚强领导下，在全国人大常委会和省人大常委会有力指导下，紧紧围绕“加快建设更具全球影响力的经济中心城市和现代化国际大都市”目标，依法履行宪法法律赋予的职责，坚持党的领导、人民当家作主、依法治国有机统一，全面发展全过程人民民主，扎实推进立法、监督、代表等各项工作，为深圳在新征程上勇当尖兵、再立新功作出了人大贡献。坚持党的全面领导，确保人大工作正确政治方向。常委会党组认真落实第一议题制度，及时传达学习习近平总书记重要讲话和重要指示精神，把党的领导贯穿人大工作全过程各方面。

　　严格执行向市委请示报告制度，重大事项、重要工作、重要立法及时向市委请示报告，确保市委决策部署在人大工作中得到不折不扣贯彻落实。围绕中心服务大局，坚持以高质量立法推动高质量发展。全年共制定、修改法规二十余件，深化经济特区立法与设区的市立法“双轨”并行，积极推进先行先试和改革创新，在科技创新、现代化产业体系、城市治理、民生保障、生态文明等重点领域加强立法，为深圳建设中国特色社会主义先行示范区提供坚实法治保障。

　　依法加强监督，推动法律法规有效实施和“一府一委两院”依法履职。常委会听取审议国民经济和社会发展计划执行情况、预算执行情况、审计工作等报告，组织开展执法检查，开展专题询问和专题调研，切实增强监督刚性和实效。尊重人民主体地位，充分发挥人大代表作用。

　　完善代表联系人民群众制度，依托代表之家、代表联络站开展活动，认真办理代表议案建议，推动解决群众急难愁盼问题。加强自身建设，努力打造让党放心、让人民满意的政治机关、权力机关、工作机关、代表机关。各位代表，过去一年成绩的取得，是以习近平同志为核心的党中央坚强领导的结果，是习近平新时代中国特色社会主义思想科学指引的结果，是市委正确领导的结果，是全体人大代表、常委会组成人员和全市人民共同努力的结果。

　　在肯定成绩的同时，我们也清醒认识到，工作中还存在一些不足：立法的精准性和时效性还需提高，监督的针对性和实效性还需增强，代表工作的广度和深度还需拓展，自身建设还有待加强。我们将认真研究改进。今年主要任务。

　　2026年是“十五五”规划开局之年，也是深圳经济特区建立四十六周年。市人大常委会工作的总体要求是：坚持以习近平新时代中国特色社会主义思想为指导，全面贯彻党的二十大和二十届历次全会精神，深入学习贯彻习近平总书记关于坚持和完善人民代表大会制度的重要思想，坚持党的领导、人民当家作主、依法治国有机统一，紧紧围绕市委工作部署，依法履行职责，为深圳加快建设更具全球影响力的经济中心城市和现代化国际大都市作出新的更大贡献。各位代表，新时代新征程，人大工作使命光荣、责任重大。

　　让我们更加紧密地团结在以习近平同志为核心的党中央周围，在市委坚强领导下，坚定信心、勇毅前行，奋力开创深圳人大工作新局面。各位代表：现在，我受深圳市人民代表大会常务委员会委托，向大会报告工作，请予审议。过去一年的主要工作。

　　2025年是高质量完成“十四五”规划目标任务、谋划“十五五”发展的关键之年。一年来，市人大常委会坚持以习近平新时代中国特色社会主义思想为指导，全面贯彻党的二十大和二十届历次全会精神，深入学习贯彻习近平总书记对广东、深圳系列重要讲话和重要指示精神，在市委坚强领导下，在全国人大常委会和省人大常委会有力指导下，紧紧围绕“加快建设更具全球影响力的经济中心城市和现代化国际大都市”目标，依法履行宪法法律赋予的职责，坚持党的领导、人民当家作主、依法治国有机统一，全面发展全过程人民民主，扎实推进立法、监督、代表等各项工作，为深圳在新征程上勇当尖兵、再立新功作出了人大贡献。坚持党的全面领导，确保人大工作正确政治方向。

　　常委会党组认真落实第一议题制度，及时传达学习习近平总书记重要讲话和重要指示精神，把党的领导贯穿人大工作全过程各方面。严格执行向市委请示报告制度，重大事项、重要工作、重要立法及时向市委请示报告，确保市委决策部署在人大工作中得到不折不扣贯彻落实。围绕中心服务大局，坚持以高质量立法推动高质量发展。

　　全年共制定、修改法规二十余件，深化经济特区立法与设区的市立法“双轨”并行，积极推进先行先试和改革创新，在科技创新、现代化产业体系、城市治理、民生保障、生态文明等重点领域加强立法，为深圳建设中国特色社会主义先行示范区提供坚实法治保障。依法加强监督，推动法律法规有效实施和“一府一委两院”依法履职。常委会听取审议国民经济和社会发展计划执行情况、预算执行情况、审计工作等报告，组织开展执法检查，开展专题询问和专题调研，切实增强监督刚性和实效。

　　尊重人民主体地位，充分发挥人大代表作用。完善代表联系人民群众制度，依托代表之家、代表联络站开展活动，认真办理代表议案建议，推动解决群众急难愁盼问题。加强自身建设，努力打造让党放心、让人民满意的政治机关、权力机关、工作机关、代表机关。

　　各位代表，过去一年成绩的取得，是以习近平同志为核心的党中央坚强领导的结果，是习近平新时代中国特色社会主义思想科学指引的结果，是市委正确领导的结果，是全体人大代表、常委会组成人员和全市人民共同努力的结果。在肯定成绩的同时，我们也清醒认识到，工作中还存在一些不足：立法的精准性和时效性还需提高，监督的针对性和实效性还需增强，代表工作的广度和深度还需拓展，自身建设还有待加强。我们将认真研究改进。

　　今年主要任务。2026年是“十五五”规划开局之年，也是深圳经济特区建立四十六周年。市人大常委会工作的总体要求是：坚持以习近平新时代中国特色社会主义思想为指导，全面贯彻党的二十大和二十届历次全会精神，深入学习贯彻习近平总书记关于坚持和完善人民代表大会制度的重要思想，坚持党的领导、人民当家作主、依法治国有机统一，紧紧围绕市委工作部署，依法履行职责，为深圳加快建设更具全球影响力的经济中心城市和现代化国际大都市作出新的更大贡献。

　　各位代表，新时代新征程，人大工作使命光荣、责任重大。让我们更加紧密地团结在以习近平同志为核心的党中央周围，在市委坚强领导下，坚定信心、勇毅前行，奋力开创深圳人大工作新局面。各位代表：现在，我受深圳市人民代表大会常务委员会委托，向大会报告工作，请予审议。

　　过去一年的主要工作。2025年是高质量完成“十四五”规划目标任务、谋划“十五五”发展的关键之年。一年来，市人大常委会坚持以习近平新时代中国特色社会主义思想为指导，全面贯彻党的二十大和二十届历次全会精神，深入学习贯彻习近平总书记对广东、深圳系列重要讲话和重要指示精神，在市委坚强领导下，在全国人大常委会和省人大常委会有力指导下，紧紧围绕“加快建设更具全球影响力的经济中心城市和现代化国际大都市”目标，依法履行宪法法律赋予的职责，坚持党的领导、人民当家作主、依法治国有机统一，全面发展全过程人民民主，扎实推进立法、监督、代表等各项工作，为深圳在新征程上勇当尖兵、再立新功作出了人大贡献。

　　坚持党的全面领导，确保人大工作正确政治方向。常委会党组认真落实第一议题制度，及时传达学习习近平总书记重要讲话和重要指示精神，把党的领导贯穿人大工作全过程各方面。严格执行向市委请示报告制度，重大事项、重要工作、重要立法及时向市委请示报告，确保市委决策部署在人大工作中得到不折不扣贯彻落实。

　　围绕中心服务大局，坚持以高质量立法推动高质量发展。全年共制定、修改法规二十余件，深化经济特区立法与设区的市立法“双轨”并行，积极推进先行先试和改革创新，在科技创新、现代化产业体系、城市治理、民生保障、生态文明等重点领域加强立法，为深圳建设中国特色社会主义先行示范区提供坚实法治保障。依法加强监督，推动法律法规有效实施和“一府一委两院”依法履职。

　　常委会听取审议国民经济和社会发展计划执行情况、预算执行情况、审计工作等报告，组织开展执法检查，开展专题询问和专题调研，切实增强监督刚性和实效。尊重人民主体地位，充分发挥人大代表作用。完善代表联系人民群众制度，依托代表之家、代表联络站开展活动，认真办理代表议案建议，推动解决群众急难愁盼问题。

　　加强自身建设，努力打造让党放心、让人民满意的政治机关、权力机关、工作机关、代表机关。各位代表，过去一年成绩的取得，是以习近平同志为核心的党中央坚强领导的结果，是习近平新时代中国特色社会主义思想科学指引的结果，是市委正确领导的结果，是全体人大代表、常委会组成人员和全市人民共同努力的结果。在肯定成绩的同时，我们也清醒认识到，工作中还存在一些不足：立法的精准性和时效性还需提高，监督的针对性和实效性还需增强，代表工作的广度和深度还需拓展，自身建设还有待加强。

　　我们将认真研究改进。今年主要任务。2026年是“十五五”规划开局之年，也是深圳经济特区建立四十六周年。

　　市人大常委会工作的总体要求是：坚持以习近平新时代中国特色社会主义思想为指导，全面贯彻党的二十大和二十届历次全会精神，深入学习贯彻习近平总书记关于坚持和完善人民代表大会制度的重要思想，坚持党的领导、人民当家作主、依法治国有机统一，紧紧围绕市委工作部署，依法履行职责，为深圳加快建设更具全球影响力的经济中心城市和现代化国际大都市作出新的更大贡献。各位代表，新时代新征程，人大工作使命光荣、责任重大。让我们更加紧密地团结在以习近平同志为核心的党中央周围，在市委坚强领导下，坚定信心、勇毅前行，奋力开创深圳人大工作新局面。

　　各位代表：现在，我受深圳市人民代表大会常务委员会委托，向大会报告工作，请予审议。过去一年的主要工作。2025年是高质量完成“十四五”规划目标任务、谋划“十五五”发展的关键之年。

　　一年来，市人大常委会坚持以习近平新时代中国特色社会主义思想为指导，全面贯彻党的二十大和二十届历次全会精神，深入学习贯彻习近平总书记对广东、深圳系列重要讲话和重要指示精神，在市委坚强领导下，在全国人大常委会和省人大常委会有力指导下，紧紧围绕“加快建设更具全球影响力的经济中心城市和现代化国际大都市”目标，依法履行宪法法律赋予的职责，坚持党的领导、人民当家作主、依法治国有机统一，全面发展全过程人民民主，扎实推进立法、监督、代表等各项工作，为深圳在新征程上勇当尖兵、再立新功作出了人大贡献。坚持党的全面领导，确保人大工作正确政治方向。常委会党组认真落实第一议题制度，及时传达学习习近平总书记重要讲话和重要指示精神，把党的领导贯穿人大工作全过程各方面。

　　严格执行向市委请示报告制度，重大事项、重要工作、重要立法及时向市委请示报告，确保市委决策部署在人大工作中得到不折不扣贯彻落实。围绕中心服务大局，坚持以高质量立法推动高质量发展。全年共制定、修改法规二十余件，深化经济特区立法与设区的市立法“双轨”并行，积极推进先行先试和改革创新，在科技创新、现代化产业体系、城市治理、民生保障、生态文明等重点领域加强立法，为深圳建设中国特色社会主义先行示范区提供坚实法治保障。

　　依法加强监督，推动法律法规有效实施和“一府一委两院”依法履职。常委会听取审议国民经济和社会发展计划执行情况、预算执行情况、审计工作等报告，组织开展执法检查，开展专题询问和专题调研，切实增强监督刚性和实效。尊重人民主体地位，充分发挥人大代表作用。

　　完善代表联系人民群众制度，依托代表之家、代表联络站开展活动，认真办理代表议案建议，推动解决群众急难愁盼问题。加强自身建设，努力打造让党放心、让人民满意的政治机关、权力机关、工作机关、代表机关。各位代表，过去一年成绩的取得，是以习近平同志为核心的党中央坚强领导的结果，是习近平新时代中国特色社会主义思想科学指引的结果，是市委正确领导的结果，是全体人大代表、常委会组成人员和全市人民共同努力的结果。

　　在肯定成绩的同时，我们也清醒认识到，工作中还存在一些不足：立法的精准性和时效性还需提高，监督的针对性和实效性还需增强，代表工作的广度和深度还需拓展，自身建设还有待加强。我们将认真研究改进。今年主要任务。

　　2026年是“十五五”规划开局之年，也是深圳经济特区建立四十六周年。市人大常委会工作的总体要求是：坚持以习近平新时代中国特色社会主义思想为指导，全面贯彻党的二十大和二十届历次全会精神，深入学习贯彻习近平总书记关于坚持和完善人民代表大会制度的重要思想，坚持党的领导、人民当家作主、依法治国有机统一，紧紧围绕市委工作部署，依法履行职责，为深圳加快建设更具全球影响力的经济中心城市和现代化国际大都市作出新的更大贡献。各位代表，新时代新征程，人大工作使命光荣、责任重大。

　　让我们更加紧密地团结在以习近平同志为核心的党中央周围，在市委坚强领导下，坚定信心、勇毅前行，奋力开创深圳人大工作新局面。各位代表：现在，我受深圳市人民代表大会常务委员会委托，向大会报告工作，请予审议。过去一年的主要工作。
